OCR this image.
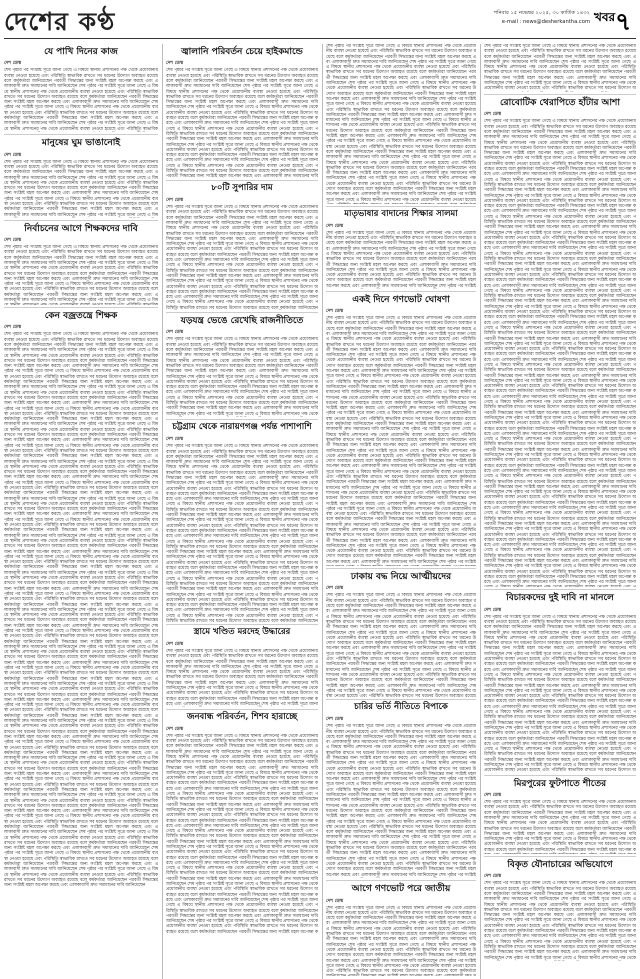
দেশের কণ্ঠ	শনিবার ১৫ নভেম্বর ২০২৫, ৩০ কার্তিক ১৪৩২
e-mail : news@desherkantha.com খবর ৭
যে পাখি দিনের কাজ
দেশ ডেস্ক
শেষ পৃষ্ঠার পর সংশ্লিষ্ট সূত্রে জানা গেছে এ বিষয়ে স্থানীয় প্রশাসনের পক্ষ থেকে প্রয়োজনীয় ব্যবস্থা নেওয়া হয়েছে এবং পরিস্থিতি স্বাভাবিক রাখতে সব ধরনের উদ্যোগ অব্যাহত রয়েছে বলে কর্মকর্তারা জানিয়েছেন পরবর্তী সিদ্ধান্তের জন্য সংশ্লিষ্ট মহল অপেক্ষা করছে এবং এলাকাবাসী দ্রুত সমাধানের দাবি জানিয়েছেন শেষ পৃষ্ঠার পর সংশ্লিষ্ট সূত্রে জানা গেছে এ বিষয়ে স্থানীয় প্রশাসনের পক্ষ থেকে প্রয়োজনীয় ব্যবস্থা নেওয়া হয়েছে এবং পরিস্থিতি স্বাভাবিক রাখতে সব ধরনের উদ্যোগ অব্যাহত রয়েছে বলে কর্মকর্তারা জানিয়েছেন পরবর্তী সিদ্ধান্তের জন্য সংশ্লিষ্ট মহল অপেক্ষা করছে এবং এলাকাবাসী দ্রুত সমাধানের দাবি জানিয়েছেন শেষ পৃষ্ঠার পর সংশ্লিষ্ট সূত্রে জানা গেছে এ বিষয়ে স্থানীয় প্রশাসনের পক্ষ থেকে প্রয়োজনীয় ব্যবস্থা নেওয়া হয়েছে এবং পরিস্থিতি স্বাভাবিক রাখতে সব ধরনের উদ্যোগ অব্যাহত রয়েছে বলে কর্মকর্তারা জানিয়েছেন পরবর্তী সিদ্ধান্তের জন্য সংশ্লিষ্ট মহল অপেক্ষা করছে এবং এলাকাবাসী দ্রুত সমাধানের দাবি জানিয়েছেন শেষ পৃষ্ঠার পর সংশ্লিষ্ট সূত্রে জানা গেছে এ বিষয়ে স্থানীয় প্রশাসনের পক্ষ থেকে প্রয়োজনীয় ব্যবস্থা নেওয়া হয়েছে এবং পরিস্থিতি স্বাভাবিক
মানুষের ঘুম ভাঙানোই
দেশ ডেস্ক
শেষ পৃষ্ঠার পর সংশ্লিষ্ট সূত্রে জানা গেছে এ বিষয়ে স্থানীয় প্রশাসনের পক্ষ থেকে প্রয়োজনীয় ব্যবস্থা নেওয়া হয়েছে এবং পরিস্থিতি স্বাভাবিক রাখতে সব ধরনের উদ্যোগ অব্যাহত রয়েছে বলে কর্মকর্তারা জানিয়েছেন পরবর্তী সিদ্ধান্তের জন্য সংশ্লিষ্ট মহল অপেক্ষা করছে এবং এলাকাবাসী দ্রুত সমাধানের দাবি জানিয়েছেন শেষ পৃষ্ঠার পর সংশ্লিষ্ট সূত্রে জানা গেছে এ বিষয়ে স্থানীয় প্রশাসনের পক্ষ থেকে প্রয়োজনীয় ব্যবস্থা নেওয়া হয়েছে এবং পরিস্থিতি স্বাভাবিক রাখতে সব ধরনের উদ্যোগ অব্যাহত রয়েছে বলে কর্মকর্তারা জানিয়েছেন পরবর্তী সিদ্ধান্তের জন্য সংশ্লিষ্ট মহল অপেক্ষা করছে এবং এলাকাবাসী দ্রুত সমাধানের দাবি জানিয়েছেন শেষ পৃষ্ঠার পর সংশ্লিষ্ট সূত্রে জানা গেছে এ বিষয়ে স্থানীয় প্রশাসনের পক্ষ থেকে প্রয়োজনীয় ব্যবস্থা নেওয়া হয়েছে এবং পরিস্থিতি স্বাভাবিক রাখতে সব ধরনের উদ্যোগ অব্যাহত রয়েছে বলে কর্মকর্তারা জানিয়েছেন পরবর্তী সিদ্ধান্তের জন্য সংশ্লিষ্ট মহল অপেক্ষা করছে এবং এলাকাবাসী দ্রুত সমাধানের দাবি জানিয়েছেন শেষ পৃষ্ঠার পর সংশ্লিষ্ট সূত্রে জানা গেছে এ বিষ
নির্বাচনের আগে শিক্ষকদের দাবি
দেশ ডেস্ক
শেষ পৃষ্ঠার পর সংশ্লিষ্ট সূত্রে জানা গেছে এ বিষয়ে স্থানীয় প্রশাসনের পক্ষ থেকে প্রয়োজনীয় ব্যবস্থা নেওয়া হয়েছে এবং পরিস্থিতি স্বাভাবিক রাখতে সব ধরনের উদ্যোগ অব্যাহত রয়েছে বলে কর্মকর্তারা জানিয়েছেন পরবর্তী সিদ্ধান্তের জন্য সংশ্লিষ্ট মহল অপেক্ষা করছে এবং এলাকাবাসী দ্রুত সমাধানের দাবি জানিয়েছেন শেষ পৃষ্ঠার পর সংশ্লিষ্ট সূত্রে জানা গেছে এ বিষয়ে স্থানীয় প্রশাসনের পক্ষ থেকে প্রয়োজনীয় ব্যবস্থা নেওয়া হয়েছে এবং পরিস্থিতি স্বাভাবিক রাখতে সব ধরনের উদ্যোগ অব্যাহত রয়েছে বলে কর্মকর্তারা জানিয়েছেন পরবর্তী সিদ্ধান্তের জন্য সংশ্লিষ্ট মহল অপেক্ষা করছে এবং এলাকাবাসী দ্রুত সমাধানের দাবি জানিয়েছেন শেষ পৃষ্ঠার পর সংশ্লিষ্ট সূত্রে জানা গেছে এ বিষয়ে স্থানীয় প্রশাসনের পক্ষ থেকে প্রয়োজনীয় ব্যবস্থা নেওয়া হয়েছে এবং পরিস্থিতি স্বাভাবিক রাখতে সব ধরনের উদ্যোগ অব্যাহত রয়েছে বলে কর্মকর্তারা জানিয়েছেন পরবর্তী সিদ্ধান্তের জন্য সংশ্লিষ্ট মহল অপেক্ষা করছে এবং এলাকাবাসী দ্রুত সমাধানের দাবি জানিয়েছেন শেষ পৃষ্ঠার পর সংশ্লিষ্ট সূত্রে জানা গেছে এ বিষ
কেন বজ্রতন্ত্রে শিক্ষক
দেশ ডেস্ক
শেষ পৃষ্ঠার পর সংশ্লিষ্ট সূত্রে জানা গেছে এ বিষয়ে স্থানীয় প্রশাসনের পক্ষ থেকে প্রয়োজনীয় ব্যবস্থা নেওয়া হয়েছে এবং পরিস্থিতি স্বাভাবিক রাখতে সব ধরনের উদ্যোগ অব্যাহত রয়েছে বলে কর্মকর্তারা জানিয়েছেন পরবর্তী সিদ্ধান্তের জন্য সংশ্লিষ্ট মহল অপেক্ষা করছে এবং এলাকাবাসী দ্রুত সমাধানের দাবি জানিয়েছেন শেষ পৃষ্ঠার পর সংশ্লিষ্ট সূত্রে জানা গেছে এ বিষয়ে স্থানীয় প্রশাসনের পক্ষ থেকে প্রয়োজনীয় ব্যবস্থা নেওয়া হয়েছে এবং পরিস্থিতি স্বাভাবিক রাখতে সব ধরনের উদ্যোগ অব্যাহত রয়েছে বলে কর্মকর্তারা জানিয়েছেন পরবর্তী সিদ্ধান্তের জন্য সংশ্লিষ্ট মহল অপেক্ষা করছে এবং এলাকাবাসী দ্রুত সমাধানের দাবি জানিয়েছেন শেষ পৃষ্ঠার পর সংশ্লিষ্ট সূত্রে জানা গেছে এ বিষয়ে স্থানীয় প্রশাসনের পক্ষ থেকে প্রয়োজনীয় ব্যবস্থা নেওয়া হয়েছে এবং পরিস্থিতি স্বাভাবিক রাখতে সব ধরনের উদ্যোগ অব্যাহত রয়েছে বলে কর্মকর্তারা জানিয়েছেন পরবর্তী সিদ্ধান্তের জন্য সংশ্লিষ্ট মহল অপেক্ষা করছে এবং এলাকাবাসী দ্রুত সমাধানের দাবি জানিয়েছেন শেষ পৃষ্ঠার পর সংশ্লিষ্ট সূত্রে জানা গেছে এ বিষয়ে স্থানীয় প্রশাসনের পক্ষ থেকে প্রয়োজনীয় ব্যবস্থা নেওয়া হয়েছে এবং পরিস্থিতি স্বাভাবিক রাখতে সব ধরনের উদ্যোগ অব্যাহত রয়েছে বলে কর্মকর্তারা জানিয়েছেন পরবর্তী সিদ্ধান্তের জন্য সংশ্লিষ্ট মহল অপেক্ষা করছে এবং এলাকাবাসী দ্রুত সমাধানের দাবি জানিয়েছেন শেষ পৃষ্ঠার পর সংশ্লিষ্ট সূত্রে জানা গেছে এ বিষয়ে স্থানীয় প্রশাসনের পক্ষ থেকে প্রয়োজনীয় ব্যবস্থা নেওয়া হয়েছে এবং পরিস্থিতি স্বাভাবিক রাখতে সব ধরনের উদ্যোগ অব্যাহত রয়েছে বলে কর্মকর্তারা জানিয়েছেন পরবর্তী সিদ্ধান্তের জন্য সংশ্লিষ্ট মহল অপেক্ষা করছে এবং এলাকাবাসী দ্রুত সমাধানের দাবি জানিয়েছেন শেষ পৃষ্ঠার পর সংশ্লিষ্ট সূত্রে জানা গেছে এ বিষয়ে স্থানীয় প্রশাসনের পক্ষ থেকে প্রয়োজনীয় ব্যবস্থা নেওয়া হয়েছে এবং পরিস্থিতি স্বাভাবিক রাখতে সব ধরনের উদ্যোগ অব্যাহত রয়েছে বলে কর্মকর্তারা জানিয়েছেন পরবর্তী সিদ্ধান্তের জন্য সংশ্লিষ্ট মহল অপেক্ষা করছে এবং এলাকাবাসী দ্রুত সমাধানের দাবি জানিয়েছেন শেষ পৃষ্ঠার পর সংশ্লিষ্ট সূত্রে জানা গেছে এ বিষয়ে স্থানীয় প্রশাসনের পক্ষ থেকে প্রয়োজনীয় ব্যবস্থা নেওয়া হয়েছে এবং পরিস্থিতি স্বাভাবিক রাখতে সব ধরনের উদ্যোগ অব্যাহত রয়েছে বলে কর্মকর্তারা জানিয়েছেন পরবর্তী সিদ্ধান্তের জন্য সংশ্লিষ্ট মহল অপেক্ষা করছে এবং এলাকাবাসী দ্রুত সমাধানের দাবি জানিয়েছেন শেষ পৃষ্ঠার পর সংশ্লিষ্ট সূত্রে জানা গেছে এ বিষয়ে স্থানীয় প্রশাসনের পক্ষ থেকে প্রয়োজনীয় ব্যবস্থা নেওয়া হয়েছে এবং পরিস্থিতি স্বাভাবিক রাখতে সব ধরনের উদ্যোগ অব্যাহত রয়েছে বলে কর্মকর্তারা জানিয়েছেন পরবর্তী সিদ্ধান্তের জন্য সংশ্লিষ্ট মহল অপেক্ষা করছে এবং এলাকাবাসী দ্রুত সমাধানের দাবি জানিয়েছেন শেষ পৃষ্ঠার পর সংশ্লিষ্ট সূত্রে জানা গেছে এ বিষয়ে স্থানীয় প্রশাসনের পক্ষ থেকে প্রয়োজনীয় ব্যবস্থা নেওয়া হয়েছে এবং পরিস্থিতি স্বাভাবিক রাখতে সব ধরনের উদ্যোগ অব্যাহত রয়েছে বলে কর্মকর্তারা জানিয়েছেন পরবর্তী সিদ্ধান্তের জন্য সংশ্লিষ্ট মহল অপেক্ষা করছে এবং এলাকাবাসী দ্রুত সমাধানের দাবি জানিয়েছেন শেষ পৃষ্ঠার পর সংশ্লিষ্ট সূত্রে জানা গেছে এ বিষয়ে স্থানীয় প্রশাসনের পক্ষ থেকে প্রয়োজনীয় ব্যবস্থা নেওয়া হয়েছে এবং পরিস্থিতি স্বাভাবিক রাখতে সব ধরনের উদ্যোগ অব্যাহত রয়েছে বলে কর্মকর্তারা জানিয়েছেন পরবর্তী সিদ্ধান্তের জন্য সংশ্লিষ্ট মহল অপেক্ষা করছে এবং এলাকাবাসী দ্রুত সমাধানের দাবি জানিয়েছেন শেষ পৃষ্ঠার পর সংশ্লিষ্ট সূত্রে জানা গেছে এ বিষয়ে স্থানীয় প্রশাসনের পক্ষ থেকে প্রয়োজনীয় ব্যবস্থা নেওয়া হয়েছে এবং পরিস্থিতি স্বাভাবিক রাখতে সব ধরনের উদ্যোগ অব্যাহত রয়েছে বলে কর্মকর্তারা জানিয়েছেন পরবর্তী সিদ্ধান্তের জন্য সংশ্লিষ্ট মহল অপেক্ষা করছে এবং এলাকাবাসী দ্রুত সমাধানের দাবি জানিয়েছেন শেষ পৃষ্ঠার পর সংশ্লিষ্ট সূত্রে জানা গেছে এ বিষয়ে স্থানীয় প্রশাসনের পক্ষ থেকে প্রয়োজনীয় ব্যবস্থা নেওয়া হয়েছে এবং পরিস্থিতি স্বাভাবিক রাখতে সব ধরনের উদ্যোগ অব্যাহত রয়েছে বলে কর্মকর্তারা জানিয়েছেন পরবর্তী সিদ্ধান্তের জন্য সংশ্লিষ্ট মহল অপেক্ষা করছে এবং এলাকাবাসী দ্রুত সমাধানের দাবি জানিয়েছেন শেষ পৃষ্ঠার পর সংশ্লিষ্ট সূত্রে জানা গেছে এ বিষয়ে স্থানীয় প্রশাসনের পক্ষ থেকে প্রয়োজনীয় ব্যবস্থা নেওয়া হয়েছে এবং পরিস্থিতি স্বাভাবিক রাখতে সব ধরনের উদ্যোগ অব্যাহত রয়েছে বলে কর্মকর্তারা জানিয়েছেন পরবর্তী সিদ্ধান্তের জন্য সংশ্লিষ্ট মহল অপেক্ষা করছে এবং এলাকাবাসী দ্রুত সমাধানের দাবি জানিয়েছেন শেষ পৃষ্ঠার পর সংশ্লিষ্ট সূত্রে জানা গেছে এ বিষয়ে স্থানীয় প্রশাসনের পক্ষ থেকে প্রয়োজনীয় ব্যবস্থা নেওয়া হয়েছে এবং পরিস্থিতি স্বাভাবিক রাখতে সব ধরনের উদ্যোগ অব্যাহত রয়েছে বলে কর্মকর্তারা জানিয়েছেন পরবর্তী সিদ্ধান্তের জন্য সংশ্লিষ্ট মহল অপেক্ষা করছে এবং এলাকাবাসী দ্রুত সমাধানের দাবি জানিয়েছেন শেষ পৃষ্ঠার পর সংশ্লিষ্ট সূত্রে জানা গেছে এ বিষয়ে স্থানীয় প্রশাসনের পক্ষ থেকে প্রয়োজনীয় ব্যবস্থা নেওয়া হয়েছে এবং পরিস্থিতি স্বাভাবিক রাখতে সব ধরনের উদ্যোগ অব্যাহত রয়েছে বলে কর্মকর্তারা জানিয়েছেন পরবর্তী সিদ্ধান্তের জন্য সংশ্লিষ্ট মহল অপেক্ষা করছে এবং এলাকাবাসী দ্রুত সমাধানের দাবি জানিয়েছেন শেষ পৃষ্ঠার পর সংশ্লিষ্ট সূত্রে জানা গেছে এ বিষয়ে স্থানীয় প্রশাসনের পক্ষ থেকে প্রয়োজনীয় ব্যবস্থা নেওয়া হয়েছে এবং পরিস্থিতি স্বাভাবিক রাখতে সব ধরনের উদ্যোগ অব্যাহত রয়েছে বলে কর্মকর্তারা জানিয়েছেন পরবর্তী সিদ্ধান্তের জন্য সংশ্লিষ্ট মহল অপেক্ষা করছে এবং এলাকাবাসী দ্রুত সমাধানের দাবি জানিয়েছেন শেষ পৃষ্ঠার পর সংশ্লিষ্ট সূত্রে জানা গেছে এ বিষয়ে স্থানীয় প্রশাসনের পক্ষ থেকে প্রয়োজনীয় ব্যবস্থা নেওয়া হয়েছে এবং পরিস্থিতি স্বাভাবিক রাখতে সব ধরনের উদ্যোগ অব্যাহত রয়েছে বলে কর্মকর্তারা জানিয়েছেন পরবর্তী সিদ্ধান্তের জন্য সংশ্লিষ্ট মহল অপেক্ষা করছে এবং এলাকাবাসী দ্রুত সমাধানের দাবি জানিয়েছেন শেষ পৃষ্ঠার পর সংশ্লিষ্ট সূত্রে জানা গেছে এ বিষয়ে স্থানীয় প্রশাসনের পক্ষ থেকে প্রয়োজনীয় ব্যবস্থা নেওয়া হয়েছে এবং পরিস্থিতি স্বাভাবিক রাখতে সব ধরনের উদ্যোগ অব্যাহত রয়েছে বলে কর্মকর্তারা জানিয়েছেন পরবর্তী সিদ্ধান্তের জন্য সংশ্লিষ্ট মহল অপেক্ষা করছে এবং এলাকাবাসী দ্রুত সমাধানের দাবি জানিয়েছেন শেষ পৃষ্ঠার পর সংশ্লিষ্ট সূত্রে জানা গেছে এ বিষয়ে স্থানীয় প্রশাসনের পক্ষ থেকে প্রয়োজনীয় ব্যবস্থা নেওয়া হয়েছে এবং পরিস্থিতি স্বাভাবিক রাখতে সব ধরনের উদ্যোগ অব্যাহত রয়েছে বলে কর্মকর্তারা জানিয়েছেন পরবর্তী সিদ্ধান্তের জন্য সংশ্লিষ্ট মহল অপেক্ষা করছে এবং এলাকাবাসী দ্রুত সমাধানের দাবি জানিয়েছেন শেষ পৃষ্ঠার পর সংশ্লিষ্ট সূত্রে জানা গেছে এ বিষয়ে স্থানীয় প্রশাসনের পক্ষ থেকে প্রয়োজনীয় ব্যবস্থা নেওয়া হয়েছে এবং পরিস্থিতি স্বাভাবিক রাখতে সব ধরনের উদ্যোগ অব্যাহত রয়েছে বলে কর্মকর্তারা জানিয়েছেন পরবর্তী সিদ্ধান্তের জন্য সংশ্লিষ্ট মহল অপেক্ষা করছে এবং এলাকাবাসী দ্রুত সমাধানের দাবি জানিয়েছেন শেষ পৃষ্ঠার পর সংশ্লিষ্ট সূত্রে জানা গেছে এ বিষয়ে স্থানীয় প্রশাসনের পক্ষ থেকে প্রয়োজনীয় ব্যবস্থা নেওয়া হয়েছে এবং পরিস্থিতি স্বাভাবিক রাখতে সব ধরনের উদ্যোগ অব্যাহত রয়েছে বলে কর্মকর্তারা জানিয়েছেন পরবর্তী সিদ্ধান্তের জন্য সংশ্লিষ্ট মহল অপেক্ষা করছে এবং এলাকাবাসী দ্রুত সমাধানের দাবি জানিয়েছেন শেষ পৃষ্ঠার পর সংশ্লিষ্ট সূত্রে জানা গেছে এ বিষয়ে স্থানীয় প্রশাসনের পক্ষ থেকে প্রয়োজনীয় ব্যবস্থা নেওয়া হয়েছে এবং পরিস্থিতি স্বাভাবিক রাখতে সব ধরনের উদ্যোগ অব্যাহত রয়েছে বলে কর্মকর্তারা জানিয়েছেন পরবর্তী সিদ্ধান্তের জন্য সংশ্লিষ্ট মহল অপেক্ষা করছে এবং এলাকাবাসী দ্রুত সমাধানের দাবি জানিয়েছেন শেষ পৃষ্ঠার পর সংশ্লিষ্ট সূত্রে জানা গেছে এ বিষয়ে স্থানীয় প্রশাসনের পক্ষ থেকে প্রয়োজনীয় ব্যবস্থা নেওয়া হয়েছে এবং পরিস্থিতি স্বাভাবিক রাখতে সব ধরনের উদ্যোগ অব্যাহত রয়েছে বলে কর্মকর্তারা জানিয়েছেন পরবর্তী সিদ্ধান্তের জন্য সংশ্লিষ্ট মহল অপেক্ষা করছে এবং এলাকাবাসী দ্রুত সমাধানের দাবি জানিয়েছেন শেষ পৃষ্ঠার পর সংশ্লিষ্ট সূত্রে জানা গেছে এ বিষয়ে স্থানীয় প্রশাসনের পক্ষ থেকে প্রয়োজনীয় ব্যবস্থা নেওয়া হয়েছে এবং পরিস্থিতি স্বাভাবিক রাখতে সব ধরনের উদ্যোগ অব্যাহত রয়েছে বলে কর্মকর্তারা জানিয়েছেন পরবর্তী সিদ্ধান্তের জন্য সংশ্লিষ্ট মহল অপেক্ষা করছে এবং এলাকাবাসী দ্রুত সমাধানের দাবি জানিয়েছেন শেষ পৃষ্ঠার পর সংশ্লিষ্ট সূত্রে জানা গেছে এ বিষয়ে স্থানীয় প্রশাসনের পক্ষ থেকে প্রয়োজনীয় ব্যবস্থা নেওয়া হয়েছে এবং পরিস্থিতি স্বাভাবিক রাখতে সব ধরনের উদ্যোগ অব্যাহত রয়েছে বলে কর্মকর্তারা জানিয়েছেন পরবর্তী সিদ্ধান্তের জন্য সংশ্লিষ্ট মহল অপেক্ষা করছে এবং এলাকাবাসী দ্রুত সমাধানের দাবি জানিয়েছেন শেষ পৃষ্ঠার পর সংশ্লিষ্ট সূত্রে জানা গেছে এ বিষয়ে স্থানীয় প্রশাসনের পক্ষ থেকে প্রয়োজনীয় ব্যবস্থা নেওয়া হয়েছে এবং পরিস্থিতি স্বাভাবিক রাখতে সব ধরনের উদ্যোগ অব্যাহত রয়েছে বলে কর্মকর্তারা জানিয়েছেন পরবর্তী সিদ্ধান্তের জন্য সংশ্লিষ্ট মহল অপেক্ষা করছে এবং এলাকাবাসী দ্রুত সমাধানের দাবি জানিয়েছেন শেষ পৃষ্ঠার পর সংশ্লিষ্ট সূত্রে জানা গেছে এ বিষয়ে স্থানীয় প্রশাসনের পক্ষ থেকে প্রয়োজনীয় ব্যবস্থা নেওয়া হয়েছে এবং পরিস্থিতি স্বাভাবিক রাখতে সব ধরনের উদ্যোগ অব্যাহত রয়েছে বলে কর্মকর্তারা জানিয়েছেন পরবর্তী সিদ্ধান্তের জন্য সংশ্লিষ্ট মহল অপেক্ষা করছে এবং এলাকাবাসী দ্রুত সমাধানের দাবি জানিয়েছেন শেষ পৃষ্ঠার পর সংশ্লিষ্ট সূত্রে জানা গেছে এ বিষয়ে স্থানীয় প্রশাসনের পক্ষ থেকে প্রয়োজনীয় ব্যবস্থা নেওয়া হয়েছে এবং পরিস্থিতি স্বাভাবিক রাখতে সব ধরনের উদ্যোগ অব্যাহত রয়েছে বলে কর্মকর্তারা জানিয়েছেন পরবর্তী সিদ্ধান্তের জন্য সংশ্লিষ্ট মহল অপেক্ষা করছে এবং এলাকাবাসী দ্রুত সমাধানের দাবি জানিয়েছেন শেষ পৃষ্ঠার পর সংশ্লিষ্ট সূত্রে জানা গেছে এ বিষয়ে স্থানীয় প্রশাসনের পক্ষ থেকে প্রয়োজনীয় ব্যবস্থা নেওয়া হয়েছে এবং পরিস্থিতি স্বাভাবিক রাখতে সব ধরনের উদ্যোগ অব্যাহত রয়েছে বলে কর্মকর্তারা জানিয়েছেন পরবর্তী সিদ্ধান্তের জন্য সংশ্লিষ্ট মহল অপেক্ষা করছে এবং এলাকাবাসী দ্রুত সমাধানের দাবি জানিয়েছেন শেষ পৃষ্ঠার পর সংশ্লিষ্ট সূত্রে জানা গেছে এ বিষয়ে স্থানীয় প্রশাসনের পক্ষ থেকে প্রয়োজনীয় ব্যবস্থা নেওয়া হয়েছে এবং পরিস্থিতি স্বাভাবিক রাখতে সব ধরনের উদ্যোগ অব্যাহত রয়েছে বলে কর্মকর্তারা জানিয়েছেন পরবর্তী সিদ্ধান্তের জন্য সংশ্লিষ্ট মহল অপেক্ষা করছে এবং এলাকাবাসী দ্রুত সমাধানের দাবি জানিয়েছেন
জ্বালানি পরিবর্তন চেয়ে হাইকমান্ডে
দেশ ডেস্ক
শেষ পৃষ্ঠার পর সংশ্লিষ্ট সূত্রে জানা গেছে এ বিষয়ে স্থানীয় প্রশাসনের পক্ষ থেকে প্রয়োজনীয় ব্যবস্থা নেওয়া হয়েছে এবং পরিস্থিতি স্বাভাবিক রাখতে সব ধরনের উদ্যোগ অব্যাহত রয়েছে বলে কর্মকর্তারা জানিয়েছেন পরবর্তী সিদ্ধান্তের জন্য সংশ্লিষ্ট মহল অপেক্ষা করছে এবং এলাকাবাসী দ্রুত সমাধানের দাবি জানিয়েছেন শেষ পৃষ্ঠার পর সংশ্লিষ্ট সূত্রে জানা গেছে এ বিষয়ে স্থানীয় প্রশাসনের পক্ষ থেকে প্রয়োজনীয় ব্যবস্থা নেওয়া হয়েছে এবং পরিস্থিতি স্বাভাবিক রাখতে সব ধরনের উদ্যোগ অব্যাহত রয়েছে বলে কর্মকর্তারা জানিয়েছেন পরবর্তী সিদ্ধান্তের জন্য সংশ্লিষ্ট মহল অপেক্ষা করছে এবং এলাকাবাসী দ্রুত সমাধানের দাবি জানিয়েছেন শেষ পৃষ্ঠার পর সংশ্লিষ্ট সূত্রে জানা গেছে এ বিষয়ে স্থানীয় প্রশাসনের পক্ষ থেকে প্রয়োজনীয় ব্যবস্থা নেওয়া হয়েছে এবং পরিস্থিতি স্বাভাবিক রাখতে সব ধরনের উদ্যোগ অব্যাহত রয়েছে বলে কর্মকর্তারা জানিয়েছেন পরবর্তী সিদ্ধান্তের জন্য সংশ্লিষ্ট মহল অপেক্ষা করছে এবং এলাকাবাসী দ্রুত সমাধানের দাবি জানিয়েছেন শেষ পৃষ্ঠার পর সংশ্লিষ্ট সূত্রে জানা গেছে এ বিষয়ে স্থানীয় প্রশাসনের পক্ষ থেকে প্রয়োজনীয় ব্যবস্থা নেওয়া হয়েছে এবং পরিস্থিতি স্বাভাবিক রাখতে সব ধরনের উদ্যোগ অব্যাহত রয়েছে বলে কর্মকর্তারা জানিয়েছেন পরবর্তী সিদ্ধান্তের জন্য সংশ্লিষ্ট মহল অপেক্ষা করছে এবং এলাকাবাসী দ্রুত সমাধানের দাবি জানিয়েছেন শেষ পৃষ্ঠার পর সংশ্লিষ্ট সূত্রে জানা গেছে এ বিষয়ে স্থানীয় প্রশাসনের পক্ষ থেকে প্রয়োজনীয় ব্যবস্থা নেওয়া হয়েছে এবং পরিস্থিতি স্বাভাবিক রাখতে সব ধরনের উদ্যোগ অব্যাহত রয়েছে বলে কর্মকর্তারা জানিয়েছেন পরবর্তী সিদ্ধান্তের জন্য সংশ্লিষ্ট মহল অপেক্ষা করছে এবং এলাকাবাসী দ্রুত সমাধানের দাবি জানিয়েছেন শেষ পৃষ্ঠার পর সংশ্লিষ্ট সূত্রে জানা গেছে এ বিষয়ে স্থানীয় প্রশাসনের পক্ষ থেকে প্রয়োজনীয় ব্যবস্থা নেওয়া হয়েছে এবং পরিস্থিতি স্বাভাবিক রাখতে সব ধরনের উদ্যোগ অব্যাহত রয়েছে বলে কর্মকর্তারা জানিয়েছেন পরবর্তী সিদ্ধান্তের জন্য সংশ্লিষ্ট মহল অপেক্ষা করছে এবং এলাকাবাসী দ্রুত সমাধানের দাবি
৮০টি সুপারির দাম
দেশ ডেস্ক
শেষ পৃষ্ঠার পর সংশ্লিষ্ট সূত্রে জানা গেছে এ বিষয়ে স্থানীয় প্রশাসনের পক্ষ থেকে প্রয়োজনীয় ব্যবস্থা নেওয়া হয়েছে এবং পরিস্থিতি স্বাভাবিক রাখতে সব ধরনের উদ্যোগ অব্যাহত রয়েছে বলে কর্মকর্তারা জানিয়েছেন পরবর্তী সিদ্ধান্তের জন্য সংশ্লিষ্ট মহল অপেক্ষা করছে এবং এলাকাবাসী দ্রুত সমাধানের দাবি জানিয়েছেন শেষ পৃষ্ঠার পর সংশ্লিষ্ট সূত্রে জানা গেছে এ বিষয়ে স্থানীয় প্রশাসনের পক্ষ থেকে প্রয়োজনীয় ব্যবস্থা নেওয়া হয়েছে এবং পরিস্থিতি স্বাভাবিক রাখতে সব ধরনের উদ্যোগ অব্যাহত রয়েছে বলে কর্মকর্তারা জানিয়েছেন পরবর্তী সিদ্ধান্তের জন্য সংশ্লিষ্ট মহল অপেক্ষা করছে এবং এলাকাবাসী দ্রুত সমাধানের দাবি জানিয়েছেন শেষ পৃষ্ঠার পর সংশ্লিষ্ট সূত্রে জানা গেছে এ বিষয়ে স্থানীয় প্রশাসনের পক্ষ থেকে প্রয়োজনীয় ব্যবস্থা নেওয়া হয়েছে এবং পরিস্থিতি স্বাভাবিক রাখতে সব ধরনের উদ্যোগ অব্যাহত রয়েছে বলে কর্মকর্তারা জানিয়েছেন পরবর্তী সিদ্ধান্তের জন্য সংশ্লিষ্ট মহল অপেক্ষা করছে এবং এলাকাবাসী দ্রুত সমাধানের দাবি জানিয়েছেন শেষ পৃষ্ঠার পর সংশ্লিষ্ট সূত্রে জানা গেছে এ বিষয়ে স্থানীয় প্রশাসনের পক্ষ থেকে প্রয়োজনীয় ব্যবস্থা নেওয়া হয়েছে এবং পরিস্থিতি স্বাভাবিক রাখতে সব ধরনের উদ্যোগ অব্যাহত রয়েছে বলে কর্মকর্তারা জানিয়েছেন পরবর্তী সিদ্ধান্তের জন্য সংশ্লিষ্ট মহল অপেক্ষা করছে এবং এলাকাবাসী দ্রুত সমাধানের দাবি জানিয়েছেন শেষ পৃষ্ঠার পর সংশ্লিষ্ট সূত্রে জানা গেছে এ বিষয়ে স্থানীয় প্রশাসনের পক্ষ থেকে প্রয়োজনীয় ব্যবস্থা নেওয়া হয়েছে এবং পরিস্থিতি স্বাভাবিক রাখতে সব ধরনের উদ্যোগ অব্যাহত রয়েছে বলে কর্মকর্তারা জানিয়েছেন পরবর্তী সিদ্ধান্তের জন্য সংশ্লিষ্ট মহল অপেক্ষা করছে এবং এলাকাবাসী দ্রুত সমাধানের দাবি জানিয়েছেন শেষ পৃষ্ঠার পর সংশ্লিষ্ট সূত্রে জানা গেছে এ বিষয়ে স্থানীয় প্রশাসনের পক্ষ থেকে প্রয়োজনীয় ব্যবস্থা নেওয়া হয়েছে এবং পরিস্থিতি স্বাভাবিক রাখতে সব ধরনের উদ্যোগ অব্যাহত রয়েছে বলে কর্মকর্তারা জানিয়েছেন
যড়যন্ত্র ভেঙে রেখেছি রাজনীতিতে
দেশ ডেস্ক
শেষ পৃষ্ঠার পর সংশ্লিষ্ট সূত্রে জানা গেছে এ বিষয়ে স্থানীয় প্রশাসনের পক্ষ থেকে প্রয়োজনীয় ব্যবস্থা নেওয়া হয়েছে এবং পরিস্থিতি স্বাভাবিক রাখতে সব ধরনের উদ্যোগ অব্যাহত রয়েছে বলে কর্মকর্তারা জানিয়েছেন পরবর্তী সিদ্ধান্তের জন্য সংশ্লিষ্ট মহল অপেক্ষা করছে এবং এলাকাবাসী দ্রুত সমাধানের দাবি জানিয়েছেন শেষ পৃষ্ঠার পর সংশ্লিষ্ট সূত্রে জানা গেছে এ বিষয়ে স্থানীয় প্রশাসনের পক্ষ থেকে প্রয়োজনীয় ব্যবস্থা নেওয়া হয়েছে এবং পরিস্থিতি স্বাভাবিক রাখতে সব ধরনের উদ্যোগ অব্যাহত রয়েছে বলে কর্মকর্তারা জানিয়েছেন পরবর্তী সিদ্ধান্তের জন্য সংশ্লিষ্ট মহল অপেক্ষা করছে এবং এলাকাবাসী দ্রুত সমাধানের দাবি জানিয়েছেন শেষ পৃষ্ঠার পর সংশ্লিষ্ট সূত্রে জানা গেছে এ বিষয়ে স্থানীয় প্রশাসনের পক্ষ থেকে প্রয়োজনীয় ব্যবস্থা নেওয়া হয়েছে এবং পরিস্থিতি স্বাভাবিক রাখতে সব ধরনের উদ্যোগ অব্যাহত রয়েছে বলে কর্মকর্তারা জানিয়েছেন পরবর্তী সিদ্ধান্তের জন্য সংশ্লিষ্ট মহল অপেক্ষা করছে এবং এলাকাবাসী দ্রুত সমাধানের দাবি জানিয়েছেন শেষ পৃষ্ঠার পর সংশ্লিষ্ট সূত্রে জানা গেছে এ বিষয়ে স্থানীয় প্রশাসনের পক্ষ থেকে প্রয়োজনীয় ব্যবস্থা নেওয়া হয়েছে এবং পরিস্থিতি স্বাভাবিক রাখতে সব ধরনের উদ্যোগ অব্যাহত রয়েছে বলে কর্মকর্তারা জানিয়েছেন পরবর্তী সিদ্ধান্তের জন্য সংশ্লিষ্ট মহল অপেক্ষা করছে এবং এলাকাবাসী দ্রুত সমাধানের দাবি জানিয়েছেন শেষ পৃষ্ঠার পর সংশ্লিষ্ট সূত্রে জানা গেছে এ বিষয়ে স্থানীয় প্রশাসনের পক্ষ থেকে
চট্টগ্রাম থেকে নারায়ণগঞ্জ পর্যন্ত পাশাপাশি
দেশ ডেস্ক
শেষ পৃষ্ঠার পর সংশ্লিষ্ট সূত্রে জানা গেছে এ বিষয়ে স্থানীয় প্রশাসনের পক্ষ থেকে প্রয়োজনীয় ব্যবস্থা নেওয়া হয়েছে এবং পরিস্থিতি স্বাভাবিক রাখতে সব ধরনের উদ্যোগ অব্যাহত রয়েছে বলে কর্মকর্তারা জানিয়েছেন পরবর্তী সিদ্ধান্তের জন্য সংশ্লিষ্ট মহল অপেক্ষা করছে এবং এলাকাবাসী দ্রুত সমাধানের দাবি জানিয়েছেন শেষ পৃষ্ঠার পর সংশ্লিষ্ট সূত্রে জানা গেছে এ বিষয়ে স্থানীয় প্রশাসনের পক্ষ থেকে প্রয়োজনীয় ব্যবস্থা নেওয়া হয়েছে এবং পরিস্থিতি স্বাভাবিক রাখতে সব ধরনের উদ্যোগ অব্যাহত রয়েছে বলে কর্মকর্তারা জানিয়েছেন পরবর্তী সিদ্ধান্তের জন্য সংশ্লিষ্ট মহল অপেক্ষা করছে এবং এলাকাবাসী দ্রুত সমাধানের দাবি জানিয়েছেন শেষ পৃষ্ঠার পর সংশ্লিষ্ট সূত্রে জানা গেছে এ বিষয়ে স্থানীয় প্রশাসনের পক্ষ থেকে প্রয়োজনীয় ব্যবস্থা নেওয়া হয়েছে এবং পরিস্থিতি স্বাভাবিক রাখতে সব ধরনের উদ্যোগ অব্যাহত রয়েছে বলে কর্মকর্তারা জানিয়েছেন পরবর্তী সিদ্ধান্তের জন্য সংশ্লিষ্ট মহল অপেক্ষা করছে এবং এলাকাবাসী দ্রুত সমাধানের দাবি জানিয়েছেন শেষ পৃষ্ঠার পর সংশ্লিষ্ট সূত্রে জানা গেছে এ বিষয়ে স্থানীয় প্রশাসনের পক্ষ থেকে প্রয়োজনীয় ব্যবস্থা নেওয়া হয়েছে এবং পরিস্থিতি স্বাভাবিক রাখতে সব ধরনের উদ্যোগ অব্যাহত রয়েছে বলে কর্মকর্তারা জানিয়েছেন পরবর্তী সিদ্ধান্তের জন্য সংশ্লিষ্ট মহল অপেক্ষা করছে এবং এলাকাবাসী দ্রুত সমাধানের দাবি জানিয়েছেন শেষ পৃষ্ঠার পর সংশ্লিষ্ট সূত্রে জানা গেছে এ বিষয়ে স্থানীয় প্রশাসনের পক্ষ থেকে প্রয়োজনীয় ব্যবস্থা নেওয়া হয়েছে এবং পরিস্থিতি স্বাভাবিক রাখতে সব ধরনের উদ্যোগ অব্যাহত রয়েছে বলে কর্মকর্তারা জানিয়েছেন পরবর্তী সিদ্ধান্তের জন্য সংশ্লিষ্ট মহল অপেক্ষা করছে এবং এলাকাবাসী দ্রুত সমাধানের দাবি জানিয়েছেন শেষ পৃষ্ঠার পর সংশ্লিষ্ট সূত্রে জানা গেছে এ বিষয়ে স্থানীয় প্রশাসনের পক্ষ থেকে প্রয়োজনীয় ব্যবস্থা নেওয়া হয়েছে এবং পরিস্থিতি স্বাভাবিক রাখতে সব ধরনের উদ্যোগ অব্যাহত রয়েছে বলে কর্মকর্তারা জানিয়েছেন পরবর্তী সিদ্ধান্তের জন্য সংশ্লিষ্ট মহল অপেক্ষা করছে এবং এলাকাবাসী দ্রুত সমাধানের দাবি জানিয়েছেন শেষ পৃষ্ঠার পর সংশ্লিষ্ট সূত্রে জানা গেছে এ বিষয়ে স্থানীয় প্রশাসনের পক্ষ থেকে প্রয়োজনীয় ব্যবস্থা নেওয়া হয়েছে এবং পরিস্থিতি স্বাভাবিক রাখতে সব ধরনের উদ্যোগ অব্যাহত রয়েছে বলে কর্মকর্তারা জানিয়েছেন পরবর্তী সিদ্ধান্তের জন্য সংশ্লিষ্ট মহল অপেক্ষা করছে এবং এলাকাবাসী দ্রুত সমাধানের দাবি জানিয়েছেন শেষ পৃষ্ঠার পর সংশ্লিষ্ট সূত্রে জানা গেছে এ বিষয়ে স্থানীয় প্রশাসনের পক্ষ থেকে প্রয়োজনীয় ব্যবস্থা নেওয়া হয়েছে এবং পরিস্থিতি স্বাভাবিক রাখতে সব ধরনের উদ্যোগ অব্যাহত রয়েছে বলে কর্মকর্তারা জানিয়েছেন পরবর্তী সিদ্ধান্তের জন্য সংশ্লিষ্ট মহল অপেক্ষা করছে এবং এলাকাবাসী দ্রুত সমাধানের দাবি জানিয়েছেন শেষ পৃষ্ঠার পর সংশ্লিষ্ট সূত্রে জানা গেছে এ বিষয়ে স্থানীয় প্রশাসনের পক্ষ থেকে প্রয়োজনীয় ব্যবস্থা নেওয়া হয়েছে এবং পরিস্থিতি স্বাভাবিক রাখতে সব ধরনের উদ্যোগ অব্যাহত রয়েছে বলে কর্মকর্তারা জানিয়েছেন পরবর্তী সিদ্ধান্তের জন্য সংশ্লিষ্ট মহল অপেক্ষা করছে এবং এলাকাবাসী দ্রুত সমাধানের দাবি জানিয়েছেন শেষ পৃষ্ঠার পর সংশ্লিষ্ট সূত্রে জানা গেছে এ বিষয়ে স্থানীয় প্রশাসনের পক্ষ থেকে প্রয়োজনীয় ব্যবস্থা নেওয়া হয়েছে এবং পরিস্থিতি স্বাভাবিক রাখতে সব ধরনের উদ্যোগ অব্যাহত রয়েছে বলে কর্মকর্তারা জানিয়েছেন
স্ত্রামে খণ্ডিত মরদেহ উদ্ধারের
দেশ ডেস্ক
শেষ পৃষ্ঠার পর সংশ্লিষ্ট সূত্রে জানা গেছে এ বিষয়ে স্থানীয় প্রশাসনের পক্ষ থেকে প্রয়োজনীয় ব্যবস্থা নেওয়া হয়েছে এবং পরিস্থিতি স্বাভাবিক রাখতে সব ধরনের উদ্যোগ অব্যাহত রয়েছে বলে কর্মকর্তারা জানিয়েছেন পরবর্তী সিদ্ধান্তের জন্য সংশ্লিষ্ট মহল অপেক্ষা করছে এবং এলাকাবাসী দ্রুত সমাধানের দাবি জানিয়েছেন শেষ পৃষ্ঠার পর সংশ্লিষ্ট সূত্রে জানা গেছে এ বিষয়ে স্থানীয় প্রশাসনের পক্ষ থেকে প্রয়োজনীয় ব্যবস্থা নেওয়া হয়েছে এবং পরিস্থিতি স্বাভাবিক রাখতে সব ধরনের উদ্যোগ অব্যাহত রয়েছে বলে কর্মকর্তারা জানিয়েছেন পরবর্তী সিদ্ধান্তের জন্য সংশ্লিষ্ট মহল অপেক্ষা করছে এবং এলাকাবাসী দ্রুত সমাধানের দাবি জানিয়েছেন শেষ পৃষ্ঠার পর সংশ্লিষ্ট সূত্রে জানা গেছে এ বিষয়ে স্থানীয় প্রশাসনের পক্ষ থেকে প্রয়োজনীয় ব্যবস্থা নেওয়া হয়েছে এবং পরিস্থিতি স্বাভাবিক রাখতে সব ধরনের উদ্যোগ অব্যাহত রয়েছে বলে কর্মকর্তারা জানিয়েছেন পরবর্তী সিদ্ধান্তের জন্য সংশ্লিষ্ট মহল অপেক্ষা করছে এবং এলাকাবাসী দ্রুত সমাধানের দাবি জানিয়েছেন শেষ পৃষ্ঠার পর সংশ্লিষ্ট সূত্রে জানা
জনবান্ধ পরিবর্তন, শিশব হারাচ্ছে
দেশ ডেস্ক
শেষ পৃষ্ঠার পর সংশ্লিষ্ট সূত্রে জানা গেছে এ বিষয়ে স্থানীয় প্রশাসনের পক্ষ থেকে প্রয়োজনীয় ব্যবস্থা নেওয়া হয়েছে এবং পরিস্থিতি স্বাভাবিক রাখতে সব ধরনের উদ্যোগ অব্যাহত রয়েছে বলে কর্মকর্তারা জানিয়েছেন পরবর্তী সিদ্ধান্তের জন্য সংশ্লিষ্ট মহল অপেক্ষা করছে এবং এলাকাবাসী দ্রুত সমাধানের দাবি জানিয়েছেন শেষ পৃষ্ঠার পর সংশ্লিষ্ট সূত্রে জানা গেছে এ বিষয়ে স্থানীয় প্রশাসনের পক্ষ থেকে প্রয়োজনীয় ব্যবস্থা নেওয়া হয়েছে এবং পরিস্থিতি স্বাভাবিক রাখতে সব ধরনের উদ্যোগ অব্যাহত রয়েছে বলে কর্মকর্তারা জানিয়েছেন পরবর্তী সিদ্ধান্তের জন্য সংশ্লিষ্ট মহল অপেক্ষা করছে এবং এলাকাবাসী দ্রুত সমাধানের দাবি জানিয়েছেন শেষ পৃষ্ঠার পর সংশ্লিষ্ট সূত্রে জানা গেছে এ বিষয়ে স্থানীয় প্রশাসনের পক্ষ থেকে প্রয়োজনীয় ব্যবস্থা নেওয়া হয়েছে এবং পরিস্থিতি স্বাভাবিক রাখতে সব ধরনের উদ্যোগ অব্যাহত রয়েছে বলে কর্মকর্তারা জানিয়েছেন পরবর্তী সিদ্ধান্তের জন্য সংশ্লিষ্ট মহল অপেক্ষা করছে এবং এলাকাবাসী দ্রুত সমাধানের দাবি জানিয়েছেন শেষ পৃষ্ঠার পর সংশ্লিষ্ট সূত্রে জানা গেছে এ বিষয়ে স্থানীয় প্রশাসনের পক্ষ থেকে প্রয়োজনীয় ব্যবস্থা নেওয়া হয়েছে এবং পরিস্থিতি স্বাভাবিক রাখতে সব ধরনের উদ্যোগ অব্যাহত রয়েছে বলে কর্মকর্তারা জানিয়েছেন পরবর্তী সিদ্ধান্তের জন্য সংশ্লিষ্ট মহল অপেক্ষা করছে এবং এলাকাবাসী দ্রুত সমাধানের দাবি জানিয়েছেন শেষ পৃষ্ঠার পর সংশ্লিষ্ট সূত্রে জানা গেছে এ বিষয়ে স্থানীয় প্রশাসনের পক্ষ থেকে প্রয়োজনীয় ব্যবস্থা নেওয়া হয়েছে এবং পরিস্থিতি স্বাভাবিক রাখতে সব ধরনের উদ্যোগ অব্যাহত রয়েছে বলে কর্মকর্তারা জানিয়েছেন পরবর্তী সিদ্ধান্তের জন্য সংশ্লিষ্ট মহল অপেক্ষা করছে এবং এলাকাবাসী দ্রুত সমাধানের দাবি জানিয়েছেন শেষ পৃষ্ঠার পর সংশ্লিষ্ট সূত্রে জানা গেছে এ বিষয়ে স্থানীয় প্রশাসনের পক্ষ থেকে প্রয়োজনীয় ব্যবস্থা নেওয়া হয়েছে এবং পরিস্থিতি স্বাভাবিক রাখতে সব ধরনের উদ্যোগ অব্যাহত রয়েছে বলে কর্মকর্তারা জানিয়েছেন পরবর্তী সিদ্ধান্তের জন্য সংশ্লিষ্ট মহল অপেক্ষা করছে এবং এলাকাবাসী দ্রুত সমাধানের দাবি জানিয়েছেন শেষ পৃষ্ঠার পর সংশ্লিষ্ট সূত্রে জানা গেছে এ বিষয়ে স্থানীয় প্রশাসনের পক্ষ থেকে প্রয়োজনীয় ব্যবস্থা নেওয়া হয়েছে এবং পরিস্থিতি স্বাভাবিক রাখতে সব ধরনের উদ্যোগ অব্যাহত রয়েছে বলে কর্মকর্তারা জানিয়েছেন পরবর্তী সিদ্ধান্তের জন্য সংশ্লিষ্ট মহল অপেক্ষা করছে এবং এলাকাবাসী দ্রুত সমাধানের দাবি জানিয়েছেন শেষ পৃষ্ঠার পর সংশ্লিষ্ট সূত্রে জানা গেছে এ বিষয়ে স্থানীয় প্রশাসনের পক্ষ থেকে প্রয়োজনীয় ব্যবস্থা নেওয়া হয়েছে এবং পরিস্থিতি স্বাভাবিক রাখতে সব ধরনের উদ্যোগ অব্যাহত রয়েছে বলে কর্মকর্তারা জানিয়েছেন পরবর্তী সিদ্ধান্তের জন্য সংশ্লিষ্ট মহল অপেক্ষা করছে এবং এলাকাবাসী দ্রুত সমাধানের দাবি জানিয়েছেন শেষ পৃষ্ঠার পর সংশ্লিষ্ট সূত্রে জানা গেছে এ বিষয়ে স্থানীয় প্রশাসনের পক্ষ থেকে প্রয়োজনীয় ব্যবস্থা নেওয়া হয়েছে এবং পরিস্থিতি স্বাভাবিক রাখতে সব ধরনের উদ্যোগ অব্যাহত রয়েছে বলে কর্মকর্তারা জানিয়েছেন পরবর্তী সিদ্ধান্তের জন্য সংশ্লিষ্ট মহল অপেক্ষা করছে এবং এলাকাবাসী দ্রুত সমাধানের দাবি জানিয়েছেন শেষ পৃষ্ঠার পর সংশ্লিষ্ট সূত্রে জানা গেছে এ বিষয়ে স্থানীয় প্রশাসনের পক্ষ থেকে প্রয়োজনীয় ব্যবস্থা নেওয়া হয়েছে এবং পরিস্থিতি স্বাভাবিক রাখতে সব ধরনের উদ্যোগ অব্যাহত রয়েছে বলে কর্মকর্তারা জানিয়েছেন পরবর্তী সিদ্ধান্তের জন্য সংশ্লিষ্ট মহল অপেক্ষা করছে এবং এলাকাবাসী দ্রুত সমাধানের দাবি জানিয়েছেন শেষ পৃষ্ঠার পর সংশ্লিষ্ট সূত্রে জানা গেছে এ বিষয়ে স্থানীয় প্রশাসনের পক্ষ থেকে প্রয়োজনীয় ব্যবস্থা নেওয়া হয়েছে এবং পরিস্থিতি স্বাভাবিক রাখতে সব ধরনের উদ্যোগ অব্যাহত রয়েছে বলে কর্মকর্তারা জানিয়েছেন পরবর্তী সিদ্ধান্তের জন্য সংশ্লিষ্ট মহল অপেক্ষা ক
শেষ পৃষ্ঠার পর সংশ্লিষ্ট সূত্রে জানা গেছে এ বিষয়ে স্থানীয় প্রশাসনের পক্ষ থেকে প্রয়োজনীয় ব্যবস্থা নেওয়া হয়েছে এবং পরিস্থিতি স্বাভাবিক রাখতে সব ধরনের উদ্যোগ অব্যাহত রয়েছে বলে কর্মকর্তারা জানিয়েছেন পরবর্তী সিদ্ধান্তের জন্য সংশ্লিষ্ট মহল অপেক্ষা করছে এবং এলাকাবাসী দ্রুত সমাধানের দাবি জানিয়েছেন শেষ পৃষ্ঠার পর সংশ্লিষ্ট সূত্রে জানা গেছে এ বিষয়ে স্থানীয় প্রশাসনের পক্ষ থেকে প্রয়োজনীয় ব্যবস্থা নেওয়া হয়েছে এবং পরিস্থিতি স্বাভাবিক রাখতে সব ধরনের উদ্যোগ অব্যাহত রয়েছে বলে কর্মকর্তারা জানিয়েছেন পরবর্তী সিদ্ধান্তের জন্য সংশ্লিষ্ট মহল অপেক্ষা করছে এবং এলাকাবাসী দ্রুত সমাধানের দাবি জানিয়েছেন শেষ পৃষ্ঠার পর সংশ্লিষ্ট সূত্রে জানা গেছে এ বিষয়ে স্থানীয় প্রশাসনের পক্ষ থেকে প্রয়োজনীয় ব্যবস্থা নেওয়া হয়েছে এবং পরিস্থিতি স্বাভাবিক রাখতে সব ধরনের উদ্যোগ অব্যাহত রয়েছে বলে কর্মকর্তারা জানিয়েছেন পরবর্তী সিদ্ধান্তের জন্য সংশ্লিষ্ট মহল অপেক্ষা করছে এবং এলাকাবাসী দ্রুত সমাধানের দাবি জানিয়েছেন শেষ পৃষ্ঠার পর সংশ্লিষ্ট সূত্রে জানা গেছে এ বিষয়ে স্থানীয় প্রশাসনের পক্ষ থেকে প্রয়োজনীয় ব্যবস্থা নেওয়া হয়েছে এবং পরিস্থিতি স্বাভাবিক রাখতে সব ধরনের উদ্যোগ অব্যাহত রয়েছে বলে কর্মকর্তারা জানিয়েছেন পরবর্তী সিদ্ধান্তের জন্য সংশ্লিষ্ট মহল অপেক্ষা করছে এবং এলাকাবাসী দ্রুত সমাধানের দাবি জানিয়েছেন শেষ পৃষ্ঠার পর সংশ্লিষ্ট সূত্রে জানা গেছে এ বিষয়ে স্থানীয় প্রশাসনের পক্ষ থেকে প্রয়োজনীয় ব্যবস্থা নেওয়া হয়েছে এবং পরিস্থিতি স্বাভাবিক রাখতে সব ধরনের উদ্যোগ অব্যাহত রয়েছে বলে কর্মকর্তারা জানিয়েছেন পরবর্তী সিদ্ধান্তের জন্য সংশ্লিষ্ট মহল অপেক্ষা করছে এবং এলাকাবাসী দ্রুত সমাধানের দাবি জানিয়েছেন শেষ পৃষ্ঠার পর সংশ্লিষ্ট সূত্রে জানা গেছে এ বিষয়ে স্থানীয় প্রশাসনের পক্ষ থেকে প্রয়োজনীয় ব্যবস্থা নেওয়া হয়েছে এবং পরিস্থিতি স্বাভাবিক রাখতে সব ধরনের উদ্যোগ অব্যাহত রয়েছে বলে কর্মকর্তারা জানিয়েছেন পরবর্তী সিদ্ধান্তের জন্য সংশ্লিষ্ট মহল অপেক্ষা করছে এবং এলাকাবাসী দ্রুত সমাধানের দাবি জানিয়েছেন শেষ পৃষ্ঠার পর সংশ্লিষ্ট সূত্রে জানা গেছে এ বিষয়ে স্থানীয় প্রশাসনের পক্ষ থেকে প্রয়োজনীয় ব্যবস্থা নেওয়া হয়েছে এবং পরিস্থিতি স্বাভাবিক রাখতে সব ধরনের উদ্যোগ অব্যাহত রয়েছে বলে কর্মকর্তারা জানিয়েছেন পরবর্তী সিদ্ধান্তের জন্য সংশ্লিষ্ট মহল অপেক্ষা করছে এবং এলাকাবাসী দ্রুত সমাধানের দাবি জানিয়েছেন শেষ পৃষ্ঠার পর সংশ্লিষ্ট সূত্রে জানা গেছে এ বিষয়ে স্থানীয় প্রশাসনের পক্ষ থেকে প্রয়োজনীয় ব্যবস্থা নেওয়া হয়েছে এবং পরিস্থিতি স্বাভাবিক রাখতে সব ধরনের উদ্যোগ অব্যাহত রয়েছে বলে কর্মকর্তারা জানিয়েছেন পরবর্তী সিদ্ধান্তের জন্য সংশ্লিষ্ট মহল অপেক্ষা করছে এবং এলাকাবাসী দ্রুত সমাধানের দাবি জানিয়েছেন শেষ পৃষ্ঠার পর সংশ্লিষ্ট সূত্রে জানা গেছে এ বিষয়ে স্থানীয় প্রশাসনের পক্ষ থেকে প্রয়োজনীয় ব্যবস্থা নেওয়া হয়েছে
মাতৃভাষার বাদানের শিক্ষার সালমা
দেশ ডেস্ক
শেষ পৃষ্ঠার পর সংশ্লিষ্ট সূত্রে জানা গেছে এ বিষয়ে স্থানীয় প্রশাসনের পক্ষ থেকে প্রয়োজনীয় ব্যবস্থা নেওয়া হয়েছে এবং পরিস্থিতি স্বাভাবিক রাখতে সব ধরনের উদ্যোগ অব্যাহত রয়েছে বলে কর্মকর্তারা জানিয়েছেন পরবর্তী সিদ্ধান্তের জন্য সংশ্লিষ্ট মহল অপেক্ষা করছে এবং এলাকাবাসী দ্রুত সমাধানের দাবি জানিয়েছেন শেষ পৃষ্ঠার পর সংশ্লিষ্ট সূত্রে জানা গেছে এ বিষয়ে স্থানীয় প্রশাসনের পক্ষ থেকে প্রয়োজনীয় ব্যবস্থা নেওয়া হয়েছে এবং পরিস্থিতি স্বাভাবিক রাখতে সব ধরনের উদ্যোগ অব্যাহত রয়েছে বলে কর্মকর্তারা জানিয়েছেন পরবর্তী সিদ্ধান্তের জন্য সংশ্লিষ্ট মহল অপেক্ষা করছে এবং এলাকাবাসী দ্রুত সমাধানের দাবি জানিয়েছেন শেষ পৃষ্ঠার পর সংশ্লিষ্ট সূত্রে জানা গেছে এ বিষয়ে স্থানীয় প্রশাসনের পক্ষ থেকে প্রয়োজনীয় ব্যবস্থা নেওয়া হয়েছে এবং পরিস্থিতি স্বাভাবিক রাখতে সব ধরনের উদ্যোগ অব্যাহত রয়েছে বলে কর্মকর্তারা জানিয়েছেন পরবর্তী সিদ্ধান্তের জন্য সংশ্লিষ্ট মহল অপেক্ষা করছে এবং এলাকাবাসী দ্রুত সমাধানের দাবি জানিয়েছেন শেষ পৃষ্ঠার পর সংশ্লিষ্ট
একই দিনে গণভোট ঘোষণা
দেশ ডেস্ক
শেষ পৃষ্ঠার পর সংশ্লিষ্ট সূত্রে জানা গেছে এ বিষয়ে স্থানীয় প্রশাসনের পক্ষ থেকে প্রয়োজনীয় ব্যবস্থা নেওয়া হয়েছে এবং পরিস্থিতি স্বাভাবিক রাখতে সব ধরনের উদ্যোগ অব্যাহত রয়েছে বলে কর্মকর্তারা জানিয়েছেন পরবর্তী সিদ্ধান্তের জন্য সংশ্লিষ্ট মহল অপেক্ষা করছে এবং এলাকাবাসী দ্রুত সমাধানের দাবি জানিয়েছেন শেষ পৃষ্ঠার পর সংশ্লিষ্ট সূত্রে জানা গেছে এ বিষয়ে স্থানীয় প্রশাসনের পক্ষ থেকে প্রয়োজনীয় ব্যবস্থা নেওয়া হয়েছে এবং পরিস্থিতি স্বাভাবিক রাখতে সব ধরনের উদ্যোগ অব্যাহত রয়েছে বলে কর্মকর্তারা জানিয়েছেন পরবর্তী সিদ্ধান্তের জন্য সংশ্লিষ্ট মহল অপেক্ষা করছে এবং এলাকাবাসী দ্রুত সমাধানের দাবি জানিয়েছেন শেষ পৃষ্ঠার পর সংশ্লিষ্ট সূত্রে জানা গেছে এ বিষয়ে স্থানীয় প্রশাসনের পক্ষ থেকে প্রয়োজনীয় ব্যবস্থা নেওয়া হয়েছে এবং পরিস্থিতি স্বাভাবিক রাখতে সব ধরনের উদ্যোগ অব্যাহত রয়েছে বলে কর্মকর্তারা জানিয়েছেন পরবর্তী সিদ্ধান্তের জন্য সংশ্লিষ্ট মহল অপেক্ষা করছে এবং এলাকাবাসী দ্রুত সমাধানের দাবি জানিয়েছেন শেষ পৃষ্ঠার পর সংশ্লিষ্ট সূত্রে জানা গেছে এ বিষয়ে স্থানীয় প্রশাসনের পক্ষ থেকে প্রয়োজনীয় ব্যবস্থা নেওয়া হয়েছে এবং পরিস্থিতি স্বাভাবিক রাখতে সব ধরনের উদ্যোগ অব্যাহত রয়েছে বলে কর্মকর্তারা জানিয়েছেন পরবর্তী সিদ্ধান্তের জন্য সংশ্লিষ্ট মহল অপেক্ষা করছে এবং এলাকাবাসী দ্রুত সমাধানের দাবি জানিয়েছেন শেষ পৃষ্ঠার পর সংশ্লিষ্ট সূত্রে জানা গেছে এ বিষয়ে স্থানীয় প্রশাসনের পক্ষ থেকে প্রয়োজনীয় ব্যবস্থা নেওয়া হয়েছে এবং পরিস্থিতি স্বাভাবিক রাখতে সব ধরনের উদ্যোগ অব্যাহত রয়েছে বলে কর্মকর্তারা জানিয়েছেন পরবর্তী সিদ্ধান্তের জন্য সংশ্লিষ্ট মহল অপেক্ষা করছে এবং এলাকাবাসী দ্রুত সমাধানের দাবি জানিয়েছেন শেষ পৃষ্ঠার পর সংশ্লিষ্ট সূত্রে জানা গেছে এ বিষয়ে স্থানীয় প্রশাসনের পক্ষ থেকে প্রয়োজনীয় ব্যবস্থা নেওয়া হয়েছে এবং পরিস্থিতি স্বাভাবিক রাখতে সব ধরনের উদ্যোগ অব্যাহত রয়েছে বলে কর্মকর্তারা জানিয়েছেন পরবর্তী সিদ্ধান্তের জন্য সংশ্লিষ্ট মহল অপেক্ষা করছে এবং এলাকাবাসী দ্রুত সমাধানের দাবি জানিয়েছেন শেষ পৃষ্ঠার পর সংশ্লিষ্ট সূত্রে জানা গেছে এ বিষয়ে স্থানীয় প্রশাসনের পক্ষ থেকে প্রয়োজনীয় ব্যবস্থা নেওয়া হয়েছে এবং পরিস্থিতি স্বাভাবিক রাখতে সব ধরনের উদ্যোগ অব্যাহত রয়েছে বলে কর্মকর্তারা জানিয়েছেন পরবর্তী সিদ্ধান্তের জন্য সংশ্লিষ্ট মহল অপেক্ষা করছে এবং এলাকাবাসী দ্রুত সমাধানের দাবি জানিয়েছেন শেষ পৃষ্ঠার পর সংশ্লিষ্ট সূত্রে জানা গেছে এ বিষয়ে স্থানীয় প্রশাসনের পক্ষ থেকে প্রয়োজনীয় ব্যবস্থা নেওয়া হয়েছে এবং পরিস্থিতি স্বাভাবিক রাখতে সব ধরনের উদ্যোগ অব্যাহত রয়েছে বলে কর্মকর্তারা জানিয়েছেন পরবর্তী সিদ্ধান্তের জন্য সংশ্লিষ্ট মহল অপেক্ষা করছে এবং এলাকাবাসী দ্রুত সমাধানের দাবি জানিয়েছেন শেষ পৃষ্ঠার পর সংশ্লিষ্ট সূত্রে জানা গেছে এ বিষয়ে স্থানীয় প্রশাসনের পক্ষ থেকে প্রয়োজনীয় ব্যবস্থা নেওয়া হয়েছে এবং পরিস্থিতি স্বাভাবিক রাখতে সব ধরনের উদ্যোগ অব্যাহত রয়েছে বলে কর্মকর্তারা জানিয়েছেন পরবর্তী সিদ্ধান্তের জন্য সংশ্লিষ্ট মহল অপেক্ষা করছে এবং এলাকাবাসী দ্রুত সমাধানের দাবি জানিয়েছেন শেষ পৃষ্ঠার পর সংশ্লিষ্ট সূত্রে জানা গেছে এ বিষয়ে স্থানীয় প্রশাসনের পক্ষ থেকে প্রয়োজনীয় ব্যবস্থা নেওয়া হয়েছে এবং পরিস্থিতি স্বাভাবিক রাখতে সব ধরনের উদ্যোগ অব্যাহত রয়েছে বলে কর্মকর্তারা জানিয়েছেন পরবর্তী সিদ্ধান্তের জন্য সংশ্লিষ্ট মহল অপেক্ষা করছে এবং এলাকাবাসী দ্রুত সমাধানের দাবি জানিয়েছেন শেষ পৃষ্ঠার পর সংশ্লিষ্ট সূত্রে জানা গেছে এ বিষয়ে স্থানীয় প্রশাসনের পক্ষ থেকে প্রয়োজনীয় ব্যবস্থা নেওয়া হয়েছে এবং পরিস্থিতি স্বাভাবিক রাখতে সব ধরনের উদ্যোগ অব্যাহত রয়েছে বলে কর্মকর্তারা জানিয়েছেন পরবর্তী সিদ্ধান্তের জন্য সংশ্লিষ্ট মহল অপেক্ষা করছে এবং এলাকাবাসী দ্রুত সমাধানের দাবি জানিয়েছেন শেষ পৃষ্ঠার পর সংশ্লিষ্ট সূত্রে জানা গেছে এ বিষয়ে স্থানীয় প্রশাসনের পক্ষ থেকে প্রয়োজনীয় ব্যবস্থা নেওয়া হয়েছে এবং পরিস্থিতি স্বাভাবিক রাখতে সব ধরনের উদ্যোগ অব্যাহত রয়েছে বলে কর্মকর্তারা জানিয়েছেন পরবর্তী সিদ্ধান্তের জন্য সংশ্লিষ্ট মহল অপেক্ষা করছে এবং এলাকাবাসী দ্রুত সমাধানের দাবি জানিয়েছেন শেষ পৃষ্ঠার পর সংশ্লিষ্ট সূত্রে জানা গেছে এ বিষয়ে স্থানীয় প্রশাসনের পক্ষ থেকে প্রয়োজনীয় ব্যবস্থা নেওয়া হয়েছে এবং পরিস্থিতি স্বাভাবিক রাখতে সব ধরনের উদ্যোগ অব্যাহত রয়েছে বলে কর্মকর্তারা জানিয়েছেন পরবর্তী সিদ্ধান্তের জন্য সংশ্লিষ্ট মহল অপেক্ষা করছে এবং এলাকাবাসী দ্রুত সমাধানের দাবি জানিয়েছেন শেষ পৃষ্ঠার পর সংশ্লিষ্ট
ঢাকায় বদ্ধ নিয়ে আত্মীয়দের
দেশ ডেস্ক
শেষ পৃষ্ঠার পর সংশ্লিষ্ট সূত্রে জানা গেছে এ বিষয়ে স্থানীয় প্রশাসনের পক্ষ থেকে প্রয়োজনীয় ব্যবস্থা নেওয়া হয়েছে এবং পরিস্থিতি স্বাভাবিক রাখতে সব ধরনের উদ্যোগ অব্যাহত রয়েছে বলে কর্মকর্তারা জানিয়েছেন পরবর্তী সিদ্ধান্তের জন্য সংশ্লিষ্ট মহল অপেক্ষা করছে এবং এলাকাবাসী দ্রুত সমাধানের দাবি জানিয়েছেন শেষ পৃষ্ঠার পর সংশ্লিষ্ট সূত্রে জানা গেছে এ বিষয়ে স্থানীয় প্রশাসনের পক্ষ থেকে প্রয়োজনীয় ব্যবস্থা নেওয়া হয়েছে এবং পরিস্থিতি স্বাভাবিক রাখতে সব ধরনের উদ্যোগ অব্যাহত রয়েছে বলে কর্মকর্তারা জানিয়েছেন পরবর্তী সিদ্ধান্তের জন্য সংশ্লিষ্ট মহল অপেক্ষা করছে এবং এলাকাবাসী দ্রুত সমাধানের দাবি জানিয়েছেন শেষ পৃষ্ঠার পর সংশ্লিষ্ট সূত্রে জানা গেছে এ বিষয়ে স্থানীয় প্রশাসনের পক্ষ থেকে প্রয়োজনীয় ব্যবস্থা নেওয়া হয়েছে এবং পরিস্থিতি স্বাভাবিক রাখতে সব ধরনের উদ্যোগ অব্যাহত রয়েছে বলে কর্মকর্তারা জানিয়েছেন পরবর্তী সিদ্ধান্তের জন্য সংশ্লিষ্ট মহল অপেক্ষা করছে এবং এলাকাবাসী দ্রুত সমাধানের দাবি জানিয়েছেন শেষ পৃষ্ঠার পর সংশ্লিষ্ট সূত্রে জানা গেছে এ বিষয়ে স্থানীয় প্রশাসনের পক্ষ থেকে প্রয়োজনীয় ব্যবস্থা নেওয়া হয়েছে এবং পরিস্থিতি স্বাভাবিক রাখতে সব ধরনের উদ্যোগ অব্যাহত রয়েছে বলে কর্মকর্তারা জানিয়েছেন পরবর্তী সিদ্ধান্তের জন্য সংশ্লিষ্ট মহল অপেক্ষা করছে এবং এলাকাবাসী দ্রুত সমাধানের দাবি জানিয়েছেন শেষ পৃষ্ঠার পর সংশ্লিষ্ট সূত্রে জানা গেছে এ বিষয়ে স্থানীয় প্রশাসনের পক্ষ থেকে প্রয়োজনীয় ব্যবস্থা নেওয়া হয়েছে এবং পরিস্থিতি স্বাভাবিক রাখতে সব ধরনের উদ্যোগ অব্যাহত রয়েছে বলে কর্মকর্তারা জানিয়েছেন পরবর্তী সিদ্ধান্তের জন্য সংশ্লিষ্ট মহল অপেক্ষা করছে এবং এলাকাবাসী দ্রুত সমাধানের দাবি জানিয়েছেন শেষ পৃষ্ঠার পর সংশ্লিষ্ট সূত্রে জানা গেছে এ বিষয়ে স্থানীয় প্রশাসনের পক্ষ থেকে প্রয়োজনীয় ব্যবস্থা নেওয়া হয়েছে এবং পরিস্থিতি স্বাভাবিক রাখতে সব ধরনের উদ্যোগ অব্যাহত রয়েছে
চারির ভর্তি নীতিতে বিপাকে
দেশ ডেস্ক
শেষ পৃষ্ঠার পর সংশ্লিষ্ট সূত্রে জানা গেছে এ বিষয়ে স্থানীয় প্রশাসনের পক্ষ থেকে প্রয়োজনীয় ব্যবস্থা নেওয়া হয়েছে এবং পরিস্থিতি স্বাভাবিক রাখতে সব ধরনের উদ্যোগ অব্যাহত রয়েছে বলে কর্মকর্তারা জানিয়েছেন পরবর্তী সিদ্ধান্তের জন্য সংশ্লিষ্ট মহল অপেক্ষা করছে এবং এলাকাবাসী দ্রুত সমাধানের দাবি জানিয়েছেন শেষ পৃষ্ঠার পর সংশ্লিষ্ট সূত্রে জানা গেছে এ বিষয়ে স্থানীয় প্রশাসনের পক্ষ থেকে প্রয়োজনীয় ব্যবস্থা নেওয়া হয়েছে এবং পরিস্থিতি স্বাভাবিক রাখতে সব ধরনের উদ্যোগ অব্যাহত রয়েছে বলে কর্মকর্তারা জানিয়েছেন পরবর্তী সিদ্ধান্তের জন্য সংশ্লিষ্ট মহল অপেক্ষা করছে এবং এলাকাবাসী দ্রুত সমাধানের দাবি জানিয়েছেন শেষ পৃষ্ঠার পর সংশ্লিষ্ট সূত্রে জানা গেছে এ বিষয়ে স্থানীয় প্রশাসনের পক্ষ থেকে প্রয়োজনীয় ব্যবস্থা নেওয়া হয়েছে এবং পরিস্থিতি স্বাভাবিক রাখতে সব ধরনের উদ্যোগ অব্যাহত রয়েছে বলে কর্মকর্তারা জানিয়েছেন পরবর্তী সিদ্ধান্তের জন্য সংশ্লিষ্ট মহল অপেক্ষা করছে এবং এলাকাবাসী দ্রুত সমাধানের দাবি জানিয়েছেন শেষ পৃষ্ঠার পর সংশ্লিষ্ট সূত্রে জানা গেছে এ বিষয়ে স্থানীয় প্রশাসনের পক্ষ থেকে প্রয়োজনীয় ব্যবস্থা নেওয়া হয়েছে এবং পরিস্থিতি স্বাভাবিক রাখতে সব ধরনের উদ্যোগ অব্যাহত রয়েছে বলে কর্মকর্তারা জানিয়েছেন পরবর্তী সিদ্ধান্তের জন্য সংশ্লিষ্ট মহল অপেক্ষা করছে এবং এলাকাবাসী দ্রুত সমাধানের দাবি জানিয়েছেন শেষ পৃষ্ঠার পর সংশ্লিষ্ট সূত্রে জানা গেছে এ বিষয়ে স্থানীয় প্রশাসনের পক্ষ থেকে প্রয়োজনীয় ব্যবস্থা নেওয়া হয়েছে এবং পরিস্থিতি স্বাভাবিক রাখতে সব ধরনের উদ্যোগ অব্যাহত রয়েছে বলে কর্মকর্তারা জানিয়েছেন পরবর্তী সিদ্ধান্তের জন্য সংশ্লিষ্ট মহল অপেক্ষা করছে এবং এলাকাবাসী দ্রুত সমাধানের দাবি জানিয়েছেন শেষ পৃষ্ঠার পর সংশ্লিষ্ট সূত্রে জানা গেছে এ বিষয়ে স্থানীয় প্রশাসনের পক্ষ থেকে প্রয়োজনীয় ব্যবস্থা নেওয়া হয়েছে এবং পরিস্থিতি স্বাভাবিক রাখতে সব ধরনের উদ্যোগ অব্যাহত রয়েছে বলে কর্মকর্তারা জানিয়েছেন পরবর্তী সিদ্ধান্তের জন্য সংশ্লিষ্ট মহল অপেক্ষা করছে এবং এলাকাবাসী দ্রুত সমাধানের দাবি জানিয়েছেন শেষ পৃষ্ঠার পর সংশ্লিষ্ট সূত্রে জানা গেছে এ বিষয়ে স্থানীয় প্রশাসনের পক্ষ থেকে প্রয়োজনীয় ব্যবস্থা নেওয়া হয়েছে এবং পরিস্থিতি স্বাভাবিক রাখতে সব ধরনের উদ্যোগ অব্যাহত রয়েছে বলে কর্মকর্তারা জানিয়েছেন পরবর্তী সিদ্ধান্তের জন্য সংশ্লিষ্ট মহল অপেক্ষা করছে এবং এলাকাবাসী দ্রুত সমাধানের দাবি জানিয়েছেন শেষ পৃষ্ঠার পর সংশ্লিষ্ট সূত্রে জানা গেছে এ বিষয়ে স্থানীয় প্রশাসনের পক্ষ থেকে প্রয়োজনীয় ব্যবস্থা নেওয়া হয়েছে এবং পরিস্থিতি স্বাভাবিক রাখতে সব ধরনের উদ্যোগ অব্যাহত রয়েছে বলে কর্মকর্তারা জানিয়েছেন পরবর্তী সিদ্ধান্তের জন্য সংশ্লিষ্ট মহল অপেক্ষা করছে এবং এলাকাবাসী দ্রুত সমাধানের দাবি জানিয়েছেন শেষ পৃষ্ঠার পর সংশ্লিষ্ট
আগে গণভোট পরে জাতীয়
দেশ ডেস্ক
শেষ পৃষ্ঠার পর সংশ্লিষ্ট সূত্রে জানা গেছে এ বিষয়ে স্থানীয় প্রশাসনের পক্ষ থেকে প্রয়োজনীয় ব্যবস্থা নেওয়া হয়েছে এবং পরিস্থিতি স্বাভাবিক রাখতে সব ধরনের উদ্যোগ অব্যাহত রয়েছে বলে কর্মকর্তারা জানিয়েছেন পরবর্তী সিদ্ধান্তের জন্য সংশ্লিষ্ট মহল অপেক্ষা করছে এবং এলাকাবাসী দ্রুত সমাধানের দাবি জানিয়েছেন শেষ পৃষ্ঠার পর সংশ্লিষ্ট সূত্রে জানা গেছে এ বিষয়ে স্থানীয় প্রশাসনের পক্ষ থেকে প্রয়োজনীয় ব্যবস্থা নেওয়া হয়েছে এবং পরিস্থিতি স্বাভাবিক রাখতে সব ধরনের উদ্যোগ অব্যাহত রয়েছে বলে কর্মকর্তারা জানিয়েছেন পরবর্তী সিদ্ধান্তের জন্য সংশ্লিষ্ট মহল অপেক্ষা করছে এবং এলাকাবাসী দ্রুত সমাধানের দাবি জানিয়েছেন শেষ পৃষ্ঠার পর সংশ্লিষ্ট সূত্রে জানা গেছে এ বিষয়ে স্থানীয় প্রশাসনের পক্ষ থেকে প্রয়োজনীয় ব্যবস্থা নেওয়া হয়েছে এবং পরিস্থিতি স্বাভাবিক রাখতে সব ধরনের উদ্যোগ অব্যাহত রয়েছে বলে কর্মকর্তারা জানিয়েছেন পরবর্তী সিদ্ধান্তের জন্য সংশ্লিষ্ট মহল অপেক্ষা করছে এবং এলাকাবাসী দ্রুত সমাধানের দাবি জানিয়েছেন শেষ পৃষ্ঠার পর সংশ্লিষ্ট সূত্রে জানা গেছে এ বিষয়ে স্থানীয় প্রশাসনের পক্ষ থেকে প্রয়োজনীয় ব্যবস্থা নেওয়া হয়েছে এবং পরিস্থিতি স্বাভাবিক রাখতে সব ধরনের উদ্যোগ অব্যাহত রয়েছে বলে কর্মকর্তারা
শেষ পৃষ্ঠার পর সংশ্লিষ্ট সূত্রে জানা গেছে এ বিষয়ে স্থানীয় প্রশাসনের পক্ষ থেকে প্রয়োজনীয় ব্যবস্থা নেওয়া হয়েছে এবং পরিস্থিতি স্বাভাবিক রাখতে সব ধরনের উদ্যোগ অব্যাহত রয়েছে বলে কর্মকর্তারা জানিয়েছেন পরবর্তী সিদ্ধান্তের জন্য সংশ্লিষ্ট মহল অপেক্ষা করছে এবং এলাকাবাসী দ্রুত সমাধানের দাবি জানিয়েছেন শেষ পৃষ্ঠার পর সংশ্লিষ্ট সূত্রে জানা গেছে এ বিষয়ে স্থানীয় প্রশাসনের পক্ষ থেকে প্রয়োজনীয় ব্যবস্থা নেওয়া হয়েছে এবং পরিস্থিতি স্বাভাবিক রাখতে সব ধরনের উদ্যোগ অব্যাহত রয়েছে বলে কর্মকর্তারা জানিয়েছেন পরবর্তী সিদ্ধান্তের জন্য সংশ্লিষ্ট মহল অপেক্ষা করছে এবং এলাকাবাসী দ্রুত সমাধানের দাবি জানিয়েছেন শেষ পৃষ্ঠার পর সংশ্লিষ্ট সূত্রে জানা গেছে এ বিষয়ে স্থানীয় প্রশাসনের পক্ষ থেকে প্রয়োজনীয় ব্যবস্থা নেওয়া হয়েছে এবং পরিস্থিতি স্বাভাবিক রাখতে সব ধরনের উদ্যোগ অ
রোবোটিক থেরাপিতে হাঁটার আশা
দেশ ডেস্ক
শেষ পৃষ্ঠার পর সংশ্লিষ্ট সূত্রে জানা গেছে এ বিষয়ে স্থানীয় প্রশাসনের পক্ষ থেকে প্রয়োজনীয় ব্যবস্থা নেওয়া হয়েছে এবং পরিস্থিতি স্বাভাবিক রাখতে সব ধরনের উদ্যোগ অব্যাহত রয়েছে বলে কর্মকর্তারা জানিয়েছেন পরবর্তী সিদ্ধান্তের জন্য সংশ্লিষ্ট মহল অপেক্ষা করছে এবং এলাকাবাসী দ্রুত সমাধানের দাবি জানিয়েছেন শেষ পৃষ্ঠার পর সংশ্লিষ্ট সূত্রে জানা গেছে এ বিষয়ে স্থানীয় প্রশাসনের পক্ষ থেকে প্রয়োজনীয় ব্যবস্থা নেওয়া হয়েছে এবং পরিস্থিতি স্বাভাবিক রাখতে সব ধরনের উদ্যোগ অব্যাহত রয়েছে বলে কর্মকর্তারা জানিয়েছেন পরবর্তী সিদ্ধান্তের জন্য সংশ্লিষ্ট মহল অপেক্ষা করছে এবং এলাকাবাসী দ্রুত সমাধানের দাবি জানিয়েছেন শেষ পৃষ্ঠার পর সংশ্লিষ্ট সূত্রে জানা গেছে এ বিষয়ে স্থানীয় প্রশাসনের পক্ষ থেকে প্রয়োজনীয় ব্যবস্থা নেওয়া হয়েছে এবং পরিস্থিতি স্বাভাবিক রাখতে সব ধরনের উদ্যোগ অব্যাহত রয়েছে বলে কর্মকর্তারা জানিয়েছেন পরবর্তী সিদ্ধান্তের জন্য সংশ্লিষ্ট মহল অপেক্ষা করছে এবং এলাকাবাসী দ্রুত সমাধানের দাবি জানিয়েছেন শেষ পৃষ্ঠার পর সংশ্লিষ্ট সূত্রে জানা গেছে এ বিষয়ে স্থানীয় প্রশাসনের পক্ষ থেকে প্রয়োজনীয় ব্যবস্থা নেওয়া হয়েছে এবং পরিস্থিতি স্বাভাবিক রাখতে সব ধরনের উদ্যোগ অব্যাহত রয়েছে বলে কর্মকর্তারা জানিয়েছেন পরবর্তী সিদ্ধান্তের জন্য সংশ্লিষ্ট মহল অপেক্ষা করছে এবং এলাকাবাসী দ্রুত সমাধানের দাবি জানিয়েছেন শেষ পৃষ্ঠার পর সংশ্লিষ্ট সূত্রে জানা গেছে এ বিষয়ে স্থানীয় প্রশাসনের পক্ষ থেকে প্রয়োজনীয় ব্যবস্থা নেওয়া হয়েছে এবং পরিস্থিতি স্বাভাবিক রাখতে সব ধরনের উদ্যোগ অব্যাহত রয়েছে বলে কর্মকর্তারা জানিয়েছেন পরবর্তী সিদ্ধান্তের জন্য সংশ্লিষ্ট মহল অপেক্ষা করছে এবং এলাকাবাসী দ্রুত সমাধানের দাবি জানিয়েছেন শেষ পৃষ্ঠার পর সংশ্লিষ্ট সূত্রে জানা গেছে এ বিষয়ে স্থানীয় প্রশাসনের পক্ষ থেকে প্রয়োজনীয় ব্যবস্থা নেওয়া হয়েছে এবং পরিস্থিতি স্বাভাবিক রাখতে সব ধরনের উদ্যোগ অব্যাহত রয়েছে বলে কর্মকর্তারা জানিয়েছেন পরবর্তী সিদ্ধান্তের জন্য সংশ্লিষ্ট মহল অপেক্ষা করছে এবং এলাকাবাসী দ্রুত সমাধানের দাবি জানিয়েছেন শেষ পৃষ্ঠার পর সংশ্লিষ্ট সূত্রে জানা গেছে এ বিষয়ে স্থানীয় প্রশাসনের পক্ষ থেকে প্রয়োজনীয় ব্যবস্থা নেওয়া হয়েছে এবং পরিস্থিতি স্বাভাবিক রাখতে সব ধরনের উদ্যোগ অব্যাহত রয়েছে বলে কর্মকর্তারা জানিয়েছেন পরবর্তী সিদ্ধান্তের জন্য সংশ্লিষ্ট মহল অপেক্ষা করছে এবং এলাকাবাসী দ্রুত সমাধানের দাবি জানিয়েছেন শেষ পৃষ্ঠার পর সংশ্লিষ্ট সূত্রে জানা গেছে এ বিষয়ে স্থানীয় প্রশাসনের পক্ষ থেকে প্রয়োজনীয় ব্যবস্থা নেওয়া হয়েছে এবং পরিস্থিতি স্বাভাবিক রাখতে সব ধরনের উদ্যোগ অব্যাহত রয়েছে বলে কর্মকর্তারা জানিয়েছেন পরবর্তী সিদ্ধান্তের জন্য সংশ্লিষ্ট মহল অপেক্ষা করছে এবং এলাকাবাসী দ্রুত সমাধানের দাবি জানিয়েছেন শেষ পৃষ্ঠার পর সংশ্লিষ্ট সূত্রে জানা গেছে এ বিষয়ে স্থানীয় প্রশাসনের পক্ষ থেকে প্রয়োজনীয় ব্যবস্থা নেওয়া হয়েছে এবং পরিস্থিতি স্বাভাবিক রাখতে সব ধরনের উদ্যোগ অব্যাহত রয়েছে বলে কর্মকর্তারা জানিয়েছেন পরবর্তী সিদ্ধান্তের জন্য সংশ্লিষ্ট মহল অপেক্ষা করছে এবং এলাকাবাসী দ্রুত সমাধানের দাবি জানিয়েছেন শেষ পৃষ্ঠার পর সংশ্লিষ্ট সূত্রে জানা গেছে এ বিষয়ে স্থানীয় প্রশাসনের পক্ষ থেকে প্রয়োজনীয় ব্যবস্থা নেওয়া হয়েছে এবং পরিস্থিতি স্বাভাবিক রাখতে সব ধরনের উদ্যোগ অব্যাহত রয়েছে বলে কর্মকর্তারা জানিয়েছেন পরবর্তী সিদ্ধান্তের জন্য সংশ্লিষ্ট মহল অপেক্ষা করছে এবং এলাকাবাসী দ্রুত সমাধানের দাবি জানিয়েছেন শেষ পৃষ্ঠার পর সংশ্লিষ্ট সূত্রে জানা গেছে এ বিষয়ে স্থানীয় প্রশাসনের পক্ষ থেকে প্রয়োজনীয় ব্যবস্থা নেওয়া হয়েছে এবং পরিস্থিতি স্বাভাবিক রাখতে সব ধরনের উদ্যোগ অব্যাহত রয়েছে বলে কর্মকর্তারা জানিয়েছেন পরবর্তী সিদ্ধান্তের জন্য সংশ্লিষ্ট মহল অপেক্ষা করছে এবং এলাকাবাসী দ্রুত সমাধানের দাবি জানিয়েছেন শেষ পৃষ্ঠার পর সংশ্লিষ্ট সূত্রে জানা গেছে এ বিষয়ে স্থানীয় প্রশাসনের পক্ষ থেকে প্রয়োজনীয় ব্যবস্থা নেওয়া হয়েছে এবং পরিস্থিতি স্বাভাবিক রাখতে সব ধরনের উদ্যোগ অব্যাহত রয়েছে বলে কর্মকর্তারা জানিয়েছেন পরবর্তী সিদ্ধান্তের জন্য সংশ্লিষ্ট মহল অপেক্ষা করছে এবং এলাকাবাসী দ্রুত সমাধানের দাবি জানিয়েছেন শেষ পৃষ্ঠার পর সংশ্লিষ্ট সূত্রে জানা গেছে এ বিষয়ে স্থানীয় প্রশাসনের পক্ষ থেকে প্রয়োজনীয় ব্যবস্থা নেওয়া হয়েছে এবং পরিস্থিতি স্বাভাবিক রাখতে সব ধরনের উদ্যোগ অব্যাহত রয়েছে বলে কর্মকর্তারা জানিয়েছেন পরবর্তী সিদ্ধান্তের জন্য সংশ্লিষ্ট মহল অপেক্ষা করছে এবং এলাকাবাসী দ্রুত সমাধানের দাবি জানিয়েছেন শেষ পৃষ্ঠার পর সংশ্লিষ্ট সূত্রে জানা গেছে এ বিষয়ে স্থানীয় প্রশাসনের পক্ষ থেকে প্রয়োজনীয় ব্যবস্থা নেওয়া হয়েছে এবং পরিস্থিতি স্বাভাবিক রাখতে সব ধরনের উদ্যোগ অব্যাহত রয়েছে বলে কর্মকর্তারা জানিয়েছেন পরবর্তী সিদ্ধান্তের জন্য সংশ্লিষ্ট মহল অপেক্ষা করছে এবং এলাকাবাসী দ্রুত সমাধানের দাবি জানিয়েছেন শেষ পৃষ্ঠার পর সংশ্লিষ্ট সূত্রে জানা গেছে এ বিষয়ে স্থানীয় প্রশাসনের পক্ষ থেকে প্রয়োজনীয় ব্যবস্থা নেওয়া হয়েছে এবং পরিস্থিতি স্বাভাবিক রাখতে সব ধরনের উদ্যোগ অব্যাহত রয়েছে বলে কর্মকর্তারা জানিয়েছেন পরবর্তী সিদ্ধান্তের জন্য সংশ্লিষ্ট মহল অপেক্ষা করছে এবং এলাকাবাসী দ্রুত সমাধানের দাবি জানিয়েছেন শেষ পৃষ্ঠার পর সংশ্লিষ্ট সূত্রে জানা গেছে এ বিষয়ে স্থানীয় প্রশাসনের পক্ষ থেকে প্রয়োজনীয় ব্যবস্থা নেওয়া হয়েছে এবং পরিস্থিতি স্বাভাবিক রাখতে সব ধরনের উদ্যোগ অব্যাহত রয়েছে বলে কর্মকর্তারা জানিয়েছেন পরবর্তী সিদ্ধান্তের জন্য সংশ্লিষ্ট মহল অপেক্ষা করছে এবং এলাকাবাসী দ্রুত সমাধানের দাবি জানিয়েছেন শেষ পৃষ্ঠার পর সংশ্লিষ্ট সূত্রে জানা গেছে এ বিষয়ে স্থানীয় প্রশাসনের পক্ষ থেকে প্রয়োজনীয় ব্যবস্থা নেওয়া হয়েছে এবং পরিস্থিতি স্বাভাবিক রাখতে সব ধরনের উদ্যোগ অব্যাহত রয়েছে বলে কর্মকর্তারা জানিয়েছেন পরবর্তী সিদ্ধান্তের জন্য সংশ্লিষ্ট মহল অপেক্ষা করছে এবং এলাকাবাসী দ্রুত সমাধানের দাবি জানিয়েছেন শেষ পৃষ্ঠার পর সংশ্লিষ্ট সূত্রে জানা গেছে এ বিষয়ে স্থানীয় প্রশাসনের পক্ষ থেকে প্রয়োজনীয় ব্যবস্থা নেওয়া হয়েছে এবং পরিস্থিতি স্বাভাবিক রাখতে সব ধরনের উদ্যোগ অব্যাহত রয়েছে বলে কর্মকর্তারা জানিয়েছেন পরবর্তী সিদ্ধান্তের জন্য সংশ্লিষ্ট মহল অপেক্ষা করছে এবং এলাকাবাসী দ্রুত সমাধানের দাবি জানিয়েছেন শেষ পৃষ্ঠার পর সংশ্লিষ্ট সূত্রে জানা গেছে এ বিষয়ে স্থানীয় প্রশাসনের পক্ষ থেকে প্রয়োজনীয় ব্যবস্থা নেওয়া হয়েছে এবং পরিস্থিতি স্বাভাবিক রাখতে সব ধরনের উদ্যোগ অব্যাহত রয়েছে বলে কর্মকর্তারা জানিয়েছেন পরবর্তী সিদ্ধান্তের জন্য সংশ্লিষ্ট মহল অপেক্ষা করছে এবং এলাকাবাসী দ্রুত সমাধানের দাবি জানিয়েছেন শেষ পৃষ্ঠার পর সংশ্লিষ্ট সূত্রে জানা গেছে এ বিষয়ে স্থানীয় প্রশাসনের পক্ষ থেকে প্রয়োজনীয় ব্যবস্থা নেওয়া হয়েছে এবং পরিস্থিতি স্বাভাবিক রাখতে সব ধরনের উদ্যোগ অব্যাহত রয়েছে বলে কর্মকর্তারা জানিয়েছেন পরবর্তী সিদ্ধান্তের জন্য সংশ্লিষ্ট মহল অপেক্ষা করছে এবং এলাকাবাসী দ্রুত সমাধানের দাবি জানিয়েছেন শেষ পৃষ্ঠার পর সংশ্লিষ্ট সূত্রে জানা গেছে এ বিষয়ে স্থানীয় প্রশাসনের পক্ষ থেকে প্রয়োজনীয় ব্যবস্থা নেওয়া হয়েছে এবং পরিস্থিতি স্বাভাবিক রাখতে সব ধরনের উদ্যোগ অব্যাহত রয়েছে বলে কর্মকর্তারা জানিয়েছেন পরবর্তী সিদ্ধান্তের জন্য সংশ্লিষ্ট মহল অপেক্ষা করছে এবং এলাকাবাসী দ্রুত সমাধানের দাবি জানিয়েছেন শেষ পৃষ্ঠার পর সংশ্লিষ্ট সূত্রে জানা গেছে এ বিষয়ে স্থানীয় প্রশাসনের পক্ষ থেকে প্রয়োজনীয় ব্যবস্থা নেওয়া হয়েছে এবং পরিস্থিতি স্বাভাবিক রাখতে সব ধরনের উদ্যোগ অব্যাহত রয়েছে বলে কর্মকর্তারা জানিয়েছেন পরবর্তী সিদ্ধান্তের জন্য সংশ্লিষ্ট মহল অপেক্ষা করছে এবং এলাকাবাসী দ্রুত সমাধানের দাবি জানিয়েছেন শেষ পৃষ্ঠার পর সংশ্লিষ্ট সূত্রে জানা গেছে এ বিষয়ে স্থানীয় প্রশাসনের পক্ষ থেকে প্রয়োজনীয় ব্যবস্থা নেওয়া হয়েছে এবং পরিস্থিতি স্বাভাবিক রাখতে সব ধরনের উদ্যোগ অব্যাহত রয়েছে বলে কর্মকর্তারা জানিয়েছেন পরবর্তী সিদ্ধান্তের জন্য সংশ্লিষ্ট মহল অপেক্ষা করছে এবং এলাকাবাসী দ্রুত সমাধানের দাবি জানিয়েছেন শেষ পৃষ্ঠার পর সংশ্লিষ্ট সূত্রে জানা গেছে এ বিষয়ে স্থানীয় প্রশাসনের পক্ষ থেকে প্রয়োজনীয় ব্যবস্থা নেওয়া হয়েছে এবং পরিস্থিতি স্বাভাবিক রাখতে সব ধরনের উদ্যোগ অব্যাহত রয়েছে বলে কর্মকর্তারা জানিয়েছেন পরবর্তী সিদ্ধান্তের জন্য সংশ্লিষ্ট মহল অপেক্ষা করছে এবং এলাকাবাসী দ্রুত সমাধানের দাবি জানিয়েছেন শেষ পৃষ্ঠার পর সংশ্লিষ্ট সূত্রে জানা গেছে এ বিষয়ে স্থানীয় প্রশাসনের পক্ষ থেকে প্রয়োজনীয় ব্যবস্থা নেওয়া হয়েছে এবং পরিস্থিতি স্বাভাবিক রাখতে সব ধরনের উদ্যোগ অব্যাহত রয়েছে বলে কর্মকর্তারা জানিয়েছেন পরবর্তী সিদ্ধান্তের জন্য সংশ্লিষ্ট মহল অপেক্ষা করছে এবং এলাকাবাসী দ্রুত সমাধানের দাবি জানিয়েছেন শেষ পৃষ্ঠার পর সংশ্লিষ্ট সূত্রে জানা
বিচারকদের দুই দাবি না মানলে
দেশ ডেস্ক
শেষ পৃষ্ঠার পর সংশ্লিষ্ট সূত্রে জানা গেছে এ বিষয়ে স্থানীয় প্রশাসনের পক্ষ থেকে প্রয়োজনীয় ব্যবস্থা নেওয়া হয়েছে এবং পরিস্থিতি স্বাভাবিক রাখতে সব ধরনের উদ্যোগ অব্যাহত রয়েছে বলে কর্মকর্তারা জানিয়েছেন পরবর্তী সিদ্ধান্তের জন্য সংশ্লিষ্ট মহল অপেক্ষা করছে এবং এলাকাবাসী দ্রুত সমাধানের দাবি জানিয়েছেন শেষ পৃষ্ঠার পর সংশ্লিষ্ট সূত্রে জানা গেছে এ বিষয়ে স্থানীয় প্রশাসনের পক্ষ থেকে প্রয়োজনীয় ব্যবস্থা নেওয়া হয়েছে এবং পরিস্থিতি স্বাভাবিক রাখতে সব ধরনের উদ্যোগ অব্যাহত রয়েছে বলে কর্মকর্তারা জানিয়েছেন পরবর্তী সিদ্ধান্তের জন্য সংশ্লিষ্ট মহল অপেক্ষা করছে এবং এলাকাবাসী দ্রুত সমাধানের দাবি জানিয়েছেন শেষ পৃষ্ঠার পর সংশ্লিষ্ট সূত্রে জানা গেছে এ বিষয়ে স্থানীয় প্রশাসনের পক্ষ থেকে প্রয়োজনীয় ব্যবস্থা নেওয়া হয়েছে এবং পরিস্থিতি স্বাভাবিক রাখতে সব ধরনের উদ্যোগ অব্যাহত রয়েছে বলে কর্মকর্তারা জানিয়েছেন পরবর্তী সিদ্ধান্তের জন্য সংশ্লিষ্ট মহল অপেক্ষা করছে এবং এলাকাবাসী দ্রুত সমাধানের দাবি জানিয়েছেন শেষ পৃষ্ঠার পর সংশ্লিষ্ট সূত্রে জানা গেছে এ বিষয়ে স্থানীয় প্রশাসনের পক্ষ থেকে প্রয়োজনীয় ব্যবস্থা নেওয়া হয়েছে এবং পরিস্থিতি স্বাভাবিক রাখতে সব ধরনের উদ্যোগ অব্যাহত রয়েছে বলে কর্মকর্তারা জানিয়েছেন পরবর্তী সিদ্ধান্তের জন্য সংশ্লিষ্ট মহল অপেক্ষা করছে এবং এলাকাবাসী দ্রুত সমাধানের দাবি জানিয়েছেন শেষ পৃষ্ঠার পর সংশ্লিষ্ট সূত্রে জানা গেছে এ বিষয়ে স্থানীয় প্রশাসনের পক্ষ থেকে প্রয়োজনীয় ব্যবস্থা নেওয়া হয়েছে এবং পরিস্থিতি স্বাভাবিক রাখতে সব ধরনের উদ্যোগ অব্যাহত রয়েছে বলে কর্মকর্তারা জানিয়েছেন পরবর্তী সিদ্ধান্তের জন্য সংশ্লিষ্ট মহল অপেক্ষা করছে এবং এলাকাবাসী দ্রুত সমাধানের দাবি জানিয়েছেন শেষ পৃষ্ঠার পর সংশ্লিষ্ট সূত্রে জানা গেছে এ বিষয়ে স্থানীয় প্রশাসনের পক্ষ থেকে প্রয়োজনীয় ব্যবস্থা নেওয়া হয়েছে এবং পরিস্থিতি স্বাভাবিক রাখতে সব ধরনের উদ্যোগ অব্যাহত রয়েছে বলে কর্মকর্তারা জানিয়েছেন পরবর্তী সিদ্ধান্তের জন্য সংশ্লিষ্ট মহল অপেক্ষা করছে এবং এলাকাবাসী দ্রুত সমাধানের দাবি জানিয়েছেন শেষ পৃষ্ঠার পর সংশ্লিষ্ট সূত্রে জানা গেছে এ বিষয়ে স্থানীয় প্রশাসনের পক্ষ থেকে প্রয়োজনীয় ব্যবস্থা নেওয়া হয়েছে এবং পরিস্থিতি স্বাভাবিক রাখতে সব ধরনের উদ্যোগ অব্যাহত রয়েছে বলে কর্মকর্তারা জানিয়েছেন পরবর্তী সিদ্ধান্তের জন্য সংশ্লিষ্ট মহল অপেক্ষা করছে এবং এলাকাবাসী দ্রুত সমাধানের দাবি জানিয়েছেন শেষ পৃষ্ঠার পর সংশ্লিষ্ট সূত্রে জানা গেছে এ বিষয়ে স্থানীয় প্রশাসনের পক্ষ থেকে প্রয়োজনীয় ব্যবস্থা নেওয়া হয়েছে এবং পরিস্থিতি স্বাভাবিক রাখতে সব ধরনের উদ্যোগ অব্যাহত রয়েছে বলে কর্মকর্তারা জানিয়েছেন পরবর্তী সিদ্ধান্তের জন্য সংশ্লিষ্ট মহল অপেক্ষা করছে এবং এলাকাবাসী দ্রুত সমাধানের দাবি জানিয়েছেন শেষ পৃষ্ঠার পর সংশ্লিষ্ট সূত্রে জানা গেছে এ বিষয়ে স্থানীয় প্রশাসনের পক্ষ থেকে প্রয়োজনীয় ব্যবস্থা নেওয়া হয়েছে এবং পরিস্থিতি স্বাভাবিক রাখতে সব ধরনের উদ্যোগ অ
মিরপুরের ফুটপাতে শীতের
দেশ ডেস্ক
শেষ পৃষ্ঠার পর সংশ্লিষ্ট সূত্রে জানা গেছে এ বিষয়ে স্থানীয় প্রশাসনের পক্ষ থেকে প্রয়োজনীয় ব্যবস্থা নেওয়া হয়েছে এবং পরিস্থিতি স্বাভাবিক রাখতে সব ধরনের উদ্যোগ অব্যাহত রয়েছে বলে কর্মকর্তারা জানিয়েছেন পরবর্তী সিদ্ধান্তের জন্য সংশ্লিষ্ট মহল অপেক্ষা করছে এবং এলাকাবাসী দ্রুত সমাধানের দাবি জানিয়েছেন শেষ পৃষ্ঠার পর সংশ্লিষ্ট সূত্রে জানা গেছে এ বিষয়ে স্থানীয় প্রশাসনের পক্ষ থেকে প্রয়োজনীয় ব্যবস্থা নেওয়া হয়েছে এবং পরিস্থিতি স্বাভাবিক রাখতে সব ধরনের উদ্যোগ অব্যাহত রয়েছে বলে কর্মকর্তারা জানিয়েছেন পরবর্তী সিদ্ধান্তের জন্য সংশ্লিষ্ট মহল অপেক্ষা করছে এবং এলাকাবাসী দ্রুত সমাধানের দাবি জানিয়েছেন শেষ পৃষ্ঠার পর সংশ্লিষ্ট সূত্রে জানা গেছে এ বিষয়ে স্থানীয় প্রশাসনের পক্ষ থেকে প্রয়োজনীয় ব্যবস্থা নেওয়া হয়েছে এবং পরিস্থিতি স্বাভাবিক রাখতে সব ধরনের উদ্যোগ অব্যাহত রয়েছে বলে কর্মকর্তারা জানিয়েছেন পরবর্তী সিদ্ধান্তের জন্য সংশ্লিষ্ট মহল অপেক্ষা ক
বিকৃত যৌনাচারের অভিযোগে
দেশ ডেস্ক
শেষ পৃষ্ঠার পর সংশ্লিষ্ট সূত্রে জানা গেছে এ বিষয়ে স্থানীয় প্রশাসনের পক্ষ থেকে প্রয়োজনীয় ব্যবস্থা নেওয়া হয়েছে এবং পরিস্থিতি স্বাভাবিক রাখতে সব ধরনের উদ্যোগ অব্যাহত রয়েছে বলে কর্মকর্তারা জানিয়েছেন পরবর্তী সিদ্ধান্তের জন্য সংশ্লিষ্ট মহল অপেক্ষা করছে এবং এলাকাবাসী দ্রুত সমাধানের দাবি জানিয়েছেন শেষ পৃষ্ঠার পর সংশ্লিষ্ট সূত্রে জানা গেছে এ বিষয়ে স্থানীয় প্রশাসনের পক্ষ থেকে প্রয়োজনীয় ব্যবস্থা নেওয়া হয়েছে এবং পরিস্থিতি স্বাভাবিক রাখতে সব ধরনের উদ্যোগ অব্যাহত রয়েছে বলে কর্মকর্তারা জানিয়েছেন পরবর্তী সিদ্ধান্তের জন্য সংশ্লিষ্ট মহল অপেক্ষা করছে এবং এলাকাবাসী দ্রুত সমাধানের দাবি জানিয়েছেন শেষ পৃষ্ঠার পর সংশ্লিষ্ট সূত্রে জানা গেছে এ বিষয়ে স্থানীয় প্রশাসনের পক্ষ থেকে প্রয়োজনীয় ব্যবস্থা নেওয়া হয়েছে এবং পরিস্থিতি স্বাভাবিক রাখতে সব ধরনের উদ্যোগ অব্যাহত রয়েছে বলে কর্মকর্তারা জানিয়েছেন পরবর্তী সিদ্ধান্তের জন্য সংশ্লিষ্ট মহল অপেক্ষা করছে এবং এলাকাবাসী দ্রুত সমাধানের দাবি জানিয়েছেন শেষ পৃষ্ঠার পর সংশ্লিষ্ট সূত্রে জানা গেছে এ বিষয়ে স্থানীয় প্রশাসনের পক্ষ থেকে প্রয়োজনীয় ব্যবস্থা নেওয়া হয়েছে এবং পরিস্থিতি স্বাভাবিক রাখতে সব ধরনের উদ্যোগ অব্যাহত রয়েছে বলে কর্মকর্তারা জানিয়েছেন পরবর্তী সিদ্ধান্তের জন্য সংশ্লিষ্ট মহল অপেক্ষা করছে এবং এলাকাবাসী দ্রুত সমাধানের দাবি জানিয়েছেন শেষ পৃষ্ঠার পর সংশ্লিষ্ট সূত্রে জানা গেছে এ বিষয়ে স্থানীয় প্রশাসনের পক্ষ থেকে
